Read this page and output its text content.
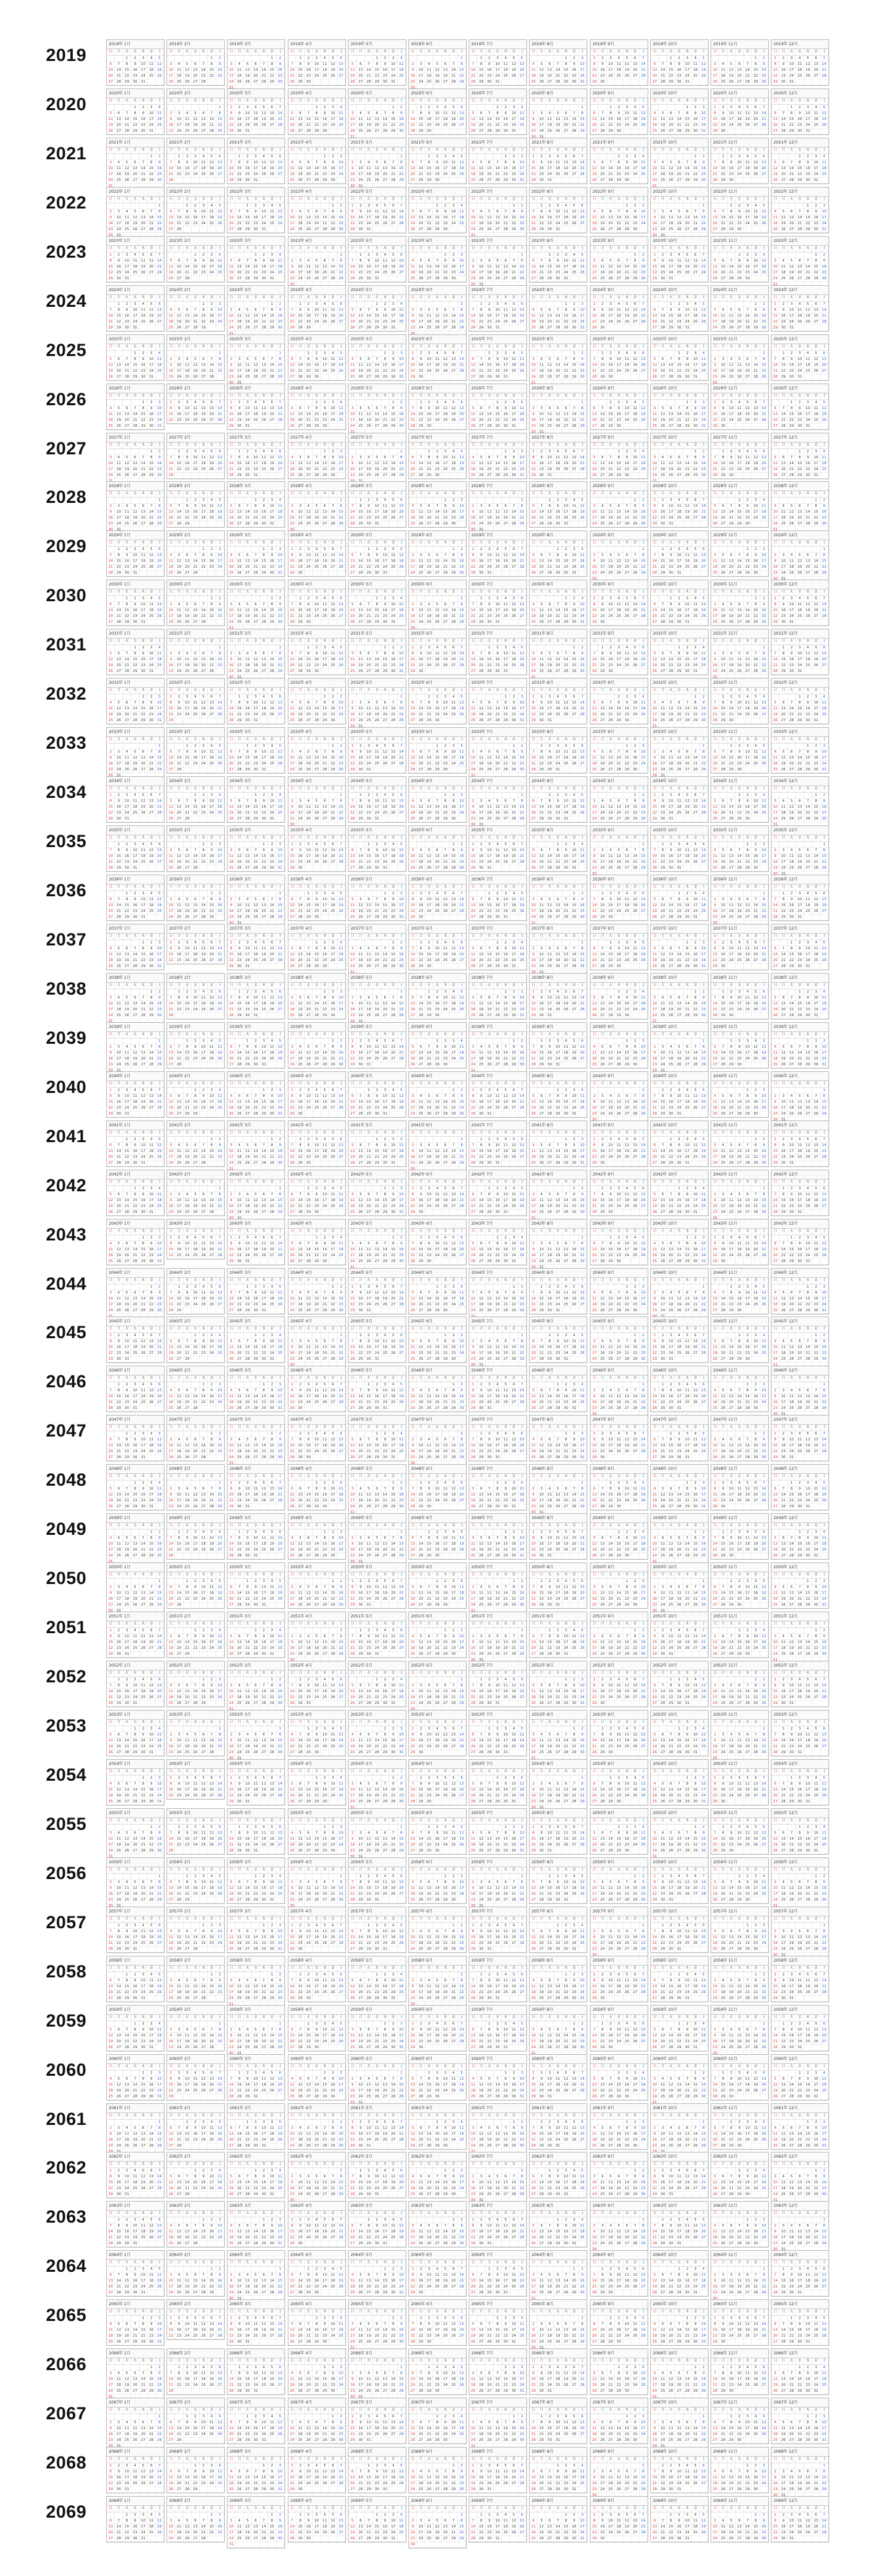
2019
2019年 1月
日	月	火	水	木	金	土
1	2	3	4	5
6	7	8	9	10 11 12
13 14 15 16 17 18 19
20 21 22 23 24 25 26
27 28 29 30 31
2019年 2月
日	月	火	水	木	金	土
1	2
3	4	5	6	7	8	9
10 11 12 13 14 15 16
17 18 19 20 21 22 23
24 25 26 27 28
2019年 3月
日	月	火	水	木	金	土
1	2
3	4	5	6	7	8	9
10 11 12 13 14 15 16
17 18 19 20 21 22 23
24 25 26 27 28 29 30
31
2019年 4月
日	月	火	水	木	金	土
1	2	3	4	5	6
7	8	9	10 11 12 13
14 15 16 17 18 19 20
21 22 23 24 25 26 27
28 29 30
2019年 5月
日	月	火	水	木	金	土
1	2	3	4
5	6	7	8	9	10 11
12 13 14 15 16 17 18
19 20 21 22 23 24 25
26 27 28 29 30 31
2019年 6月
日	月	火	水	木	金	土
1
2	3	4	5	6	7	8
9	10 11 12 13 14 15
16 17 18 19 20 21 22
23 24 25 26 27 28 29
30
2019年 7月
日	月	火	水	木	金	土
1	2	3	4	5	6
7	8	9	10 11 12 13
14 15 16 17 18 19 20
21 22 23 24 25 26 27
28 29 30 31
2019年 8月
日	月	火	水	木	金	土
1	2	3
4	5	6	7	8	9	10
11 12 13 14 15 16 17
18 19 20 21 22 23 24
25 26 27 28 29 30 31
2019年 9月
日	月	火	水	木	金	土
1	2	3	4	5	6	7
8	9	10 11 12 13 14
15 16 17 18 19 20 21
22 23 24 25 26 27 28
29 30
2019年 10月
日	月	火	水	木	金	土
1	2	3	4	5
6	7	8	9	10 11 12
13 14 15 16 17 18 19
20 21 22 23 24 25 26
27 28 29 30 31
2019年 11月
日	月	火	水	木	金	土
1	2
3	4	5	6	7	8	9
10 11 12 13 14 15 16
17 18 19 20 21 22 23
24 25 26 27 28 29 30
2019年 12月
日	月	火	水	木	金	土
1	2	3	4	5	6	7
8	9	10 11 12 13 14
15 16 17 18 19 20 21
22 23 24 25 26 27 28
29 30 31
2020
2020年 1月
日	月	火	水	木	金	土
1	2	3	4
5	6	7	8	9	10 11
12 13 14 15 16 17 18
19 20 21 22 23 24 25
26 27 28 29 30 31
2020年 2月
日	月	火	水	木	金	土
1
2	3	4	5	6	7	8
9	10 11 12 13 14 15
16 17 18 19 20 21 22
23 24 25 26 27 28 29
2020年 3月
日	月	火	水	木	金	土
1	2	3	4	5	6	7
8	9	10 11 12 13 14
15 16 17 18 19 20 21
22 23 24 25 26 27 28
29 30 31
2020年 4月
日	月	火	水	木	金	土
1	2	3	4
5	6	7	8	9	10 11
12 13 14 15 16 17 18
19 20 21 22 23 24 25
26 27 28 29 30
2020年 5月
日	月	火	水	木	金	土
1	2
3	4	5	6	7	8	9
10 11 12 13 14 15 16
17 18 19 20 21 22 23
24 25 26 27 28 29 30
31
2020年 6月
日	月	火	水	木	金	土
1	2	3	4	5	6
7	8	9	10 11 12 13
14 15 16 17 18 19 20
21 22 23 24 25 26 27
28 29 30
2020年 7月
日	月	火	水	木	金	土
1	2	3	4
5	6	7	8	9	10 11
12 13 14 15 16 17 18
19 20 21 22 23 24 25
26 27 28 29 30 31
2020年 8月
日	月	火	水	木	金	土
1
2	3	4	5	6	7	8
9	10 11 12 13 14 15
16 17 18 19 20 21 22
23 24 25 26 27 28 29
30 31
2020年 9月
日	月	火	水	木	金	土
1	2	3	4	5
6	7	8	9	10 11 12
13 14 15 16 17 18 19
20 21 22 23 24 25 26
27 28 29 30
2020年 10月
日	月	火	水	木	金	土
1	2	3
4	5	6	7	8	9	10
11 12 13 14 15 16 17
18 19 20 21 22 23 24
25 26 27 28 29 30 31
2020年 11月
日	月	火	水	木	金	土
1	2	3	4	5	6	7
8	9	10 11 12 13 14
15 16 17 18 19 20 21
22 23 24 25 26 27 28
29 30
2020年 12月
日	月	火	水	木	金	土
1	2	3	4	5
6	7	8	9	10 11 12
13 14 15 16 17 18 19
20 21 22 23 24 25 26
27 28 29 30 31
2021
2021年 1月
日	月	火	水	木	金	土
1	2
3	4	5	6	7	8	9
10 11 12 13 14 15 16
17 18 19 20 21 22 23
24 25 26 27 28 29 30
31
2021年 2月
日	月	火	水	木	金	土
1	2	3	4	5	6
7	8	9	10 11 12 13
14 15 16 17 18 19 20
21 22 23 24 25 26 27
28
2021年 3月
日	月	火	水	木	金	土
1	2	3	4	5	6
7	8	9	10 11 12 13
14 15 16 17 18 19 20
21 22 23 24 25 26 27
28 29 30 31
2021年 4月
日	月	火	水	木	金	土
1	2	3
4	5	6	7	8	9	10
11 12 13 14 15 16 17
18 19 20 21 22 23 24
25 26 27 28 29 30
2021年 5月
日	月	火	水	木	金	土
1
2	3	4	5	6	7	8
9	10 11 12 13 14 15
16 17 18 19 20 21 22
23 24 25 26 27 28 29
30 31
2021年 6月
日	月	火	水	木	金	土
1	2	3	4	5
6	7	8	9	10 11 12
13 14 15 16 17 18 19
20 21 22 23 24 25 26
27 28 29 30
2021年 7月
日	月	火	水	木	金	土
1	2	3
4	5	6	7	8	9	10
11 12 13 14 15 16 17
18 19 20 21 22 23 24
25 26 27 28 29 30 31
2021年 8月
日	月	火	水	木	金	土
1	2	3	4	5	6	7
8	9	10 11 12 13 14
15 16 17 18 19 20 21
22 23 24 25 26 27 28
29 30 31
2021年 9月
日	月	火	水	木	金	土
1	2	3	4
5	6	7	8	9	10 11
12 13 14 15 16 17 18
19 20 21 22 23 24 25
26 27 28 29 30
2021年 10月
日	月	火	水	木	金	土
1	2
3	4	5	6	7	8	9
10 11 12 13 14 15 16
17 18 19 20 21 22 23
24 25 26 27 28 29 30
31
2021年 11月
日	月	火	水	木	金	土
1	2	3	4	5	6
7	8	9	10 11 12 13
14 15 16 17 18 19 20
21 22 23 24 25 26 27
28 29 30
2021年 12月
日	月	火	水	木	金	土
1	2	3	4
5	6	7	8	9	10 11
12 13 14 15 16 17 18
19 20 21 22 23 24 25
26 27 28 29 30 31
2022
2022年 1月
日	月	火	水	木	金	土
1
2	3	4	5	6	7	8
9	10 11 12 13 14 15
16 17 18 19 20 21 22
23 24 25 26 27 28 29
30 31
2022年 2月
日	月	火	水	木	金	土
1	2	3	4	5
6	7	8	9	10 11 12
13 14 15 16 17 18 19
20 21 22 23 24 25 26
27 28
2022年 3月
日	月	火	水	木	金	土
1	2	3	4	5
6	7	8	9	10 11 12
13 14 15 16 17 18 19
20 21 22 23 24 25 26
27 28 29 30 31
2022年 4月
日	月	火	水	木	金	土
1	2
3	4	5	6	7	8	9
10 11 12 13 14 15 16
17 18 19 20 21 22 23
24 25 26 27 28 29 30
2022年 5月
日	月	火	水	木	金	土
1	2	3	4	5	6	7
8	9	10 11 12 13 14
15 16 17 18 19 20 21
22 23 24 25 26 27 28
29 30 31
2022年 6月
日	月	火	水	木	金	土
1	2	3	4
5	6	7	8	9	10 11
12 13 14 15 16 17 18
19 20 21 22 23 24 25
26 27 28 29 30
2022年 7月
日	月	火	水	木	金	土
1	2
3	4	5	6	7	8	9
10 11 12 13 14 15 16
17 18 19 20 21 22 23
24 25 26 27 28 29 30
31
2022年 8月
日	月	火	水	木	金	土
1	2	3	4	5	6
7	8	9	10 11 12 13
14 15 16 17 18 19 20
21 22 23 24 25 26 27
28 29 30 31
2022年 9月
日	月	火	水	木	金	土
1	2	3
4	5	6	7	8	9	10
11 12 13 14 15 16 17
18 19 20 21 22 23 24
25 26 27 28 29 30
2022年 10月
日	月	火	水	木	金	土
1
2	3	4	5	6	7	8
9	10 11 12 13 14 15
16 17 18 19 20 21 22
23 24 25 26 27 28 29
30 31
2022年 11月
日	月	火	水	木	金	土
1	2	3	4	5
6	7	8	9	10 11 12
13 14 15 16 17 18 19
20 21 22 23 24 25 26
27 28 29 30
2022年 12月
日	月	火	水	木	金	土
1	2	3
4	5	6	7	8	9	10
11 12 13 14 15 16 17
18 19 20 21 22 23 24
25 26 27 28 29 30 31
2023
2023年 1月
日	月	火	水	木	金	土
1	2	3	4	5	6	7
8	9	10 11 12 13 14
15 16 17 18 19 20 21
22 23 24 25 26 27 28
29 30 31
2023年 2月
日	月	火	水	木	金	土
1	2	3	4
5	6	7	8	9	10 11
12 13 14 15 16 17 18
19 20 21 22 23 24 25
26 27 28
2023年 3月
日	月	火	水	木	金	土
1	2	3	4
5	6	7	8	9	10 11
12 13 14 15 16 17 18
19 20 21 22 23 24 25
26 27 28 29 30 31
2023年 4月
日	月	火	水	木	金	土
1
2	3	4	5	6	7	8
9	10 11 12 13 14 15
16 17 18 19 20 21 22
23 24 25 26 27 28 29
30
2023年 5月
日	月	火	水	木	金	土
1	2	3	4	5	6
7	8	9	10 11 12 13
14 15 16 17 18 19 20
21 22 23 24 25 26 27
28 29 30 31
2023年 6月
日	月	火	水	木	金	土
1	2	3
4	5	6	7	8	9	10
11 12 13 14 15 16 17
18 19 20 21 22 23 24
25 26 27 28 29 30
2023年 7月
日	月	火	水	木	金	土
1
2	3	4	5	6	7	8
9	10 11 12 13 14 15
16 17 18 19 20 21 22
23 24 25 26 27 28 29
30 31
2023年 8月
日	月	火	水	木	金	土
1	2	3	4	5
6	7	8	9	10 11 12
13 14 15 16 17 18 19
20 21 22 23 24 25 26
27 28 29 30 31
2023年 9月
日	月	火	水	木	金	土
1	2
3	4	5	6	7	8	9
10 11 12 13 14 15 16
17 18 19 20 21 22 23
24 25 26 27 28 29 30
2023年 10月
日	月	火	水	木	金	土
1	2	3	4	5	6	7
8	9	10 11 12 13 14
15 16 17 18 19 20 21
22 23 24 25 26 27 28
29 30 31
2023年 11月
日	月	火	水	木	金	土
1	2	3	4
5	6	7	8	9	10 11
12 13 14 15 16 17 18
19 20 21 22 23 24 25
26 27 28 29 30
2023年 12月
日	月	火	水	木	金	土
1	2
3	4	5	6	7	8	9
10 11 12 13 14 15 16
17 18 19 20 21 22 23
24 25 26 27 28 29 30
31
2024
2024年 1月
日	月	火	水	木	金	土
1	2	3	4	5	6
7	8	9	10 11 12 13
14 15 16 17 18 19 20
21 22 23 24 25 26 27
28 29 30 31
2024年 2月
日	月	火	水	木	金	土
1	2	3
4	5	6	7	8	9	10
11 12 13 14 15 16 17
18 19 20 21 22 23 24
25 26 27 28 29
2024年 3月
日	月	火	水	木	金	土
1	2
3	4	5	6	7	8	9
10 11 12 13 14 15 16
17 18 19 20 21 22 23
24 25 26 27 28 29 30
31
2024年 4月
日	月	火	水	木	金	土
1	2	3	4	5	6
7	8	9	10 11 12 13
14 15 16 17 18 19 20
21 22 23 24 25 26 27
28 29 30
2024年 5月
日	月	火	水	木	金	土
1	2	3	4
5	6	7	8	9	10 11
12 13 14 15 16 17 18
19 20 21 22 23 24 25
26 27 28 29 30 31
2024年 6月
日	月	火	水	木	金	土
1
2	3	4	5	6	7	8
9	10 11 12 13 14 15
16 17 18 19 20 21 22
23 24 25 26 27 28 29
30
2024年 7月
日	月	火	水	木	金	土
1	2	3	4	5	6
7	8	9	10 11 12 13
14 15 16 17 18 19 20
21 22 23 24 25 26 27
28 29 30 31
2024年 8月
日	月	火	水	木	金	土
1	2	3
4	5	6	7	8	9	10
11 12 13 14 15 16 17
18 19 20 21 22 23 24
25 26 27 28 29 30 31
2024年 9月
日	月	火	水	木	金	土
1	2	3	4	5	6	7
8	9	10 11 12 13 14
15 16 17 18 19 20 21
22 23 24 25 26 27 28
29 30
2024年 10月
日	月	火	水	木	金	土
1	2	3	4	5
6	7	8	9	10 11 12
13 14 15 16 17 18 19
20 21 22 23 24 25 26
27 28 29 30 31
2024年 11月
日	月	火	水	木	金	土
1	2
3	4	5	6	7	8	9
10 11 12 13 14 15 16
17 18 19 20 21 22 23
24 25 26 27 28 29 30
2024年 12月
日	月	火	水	木	金	土
1	2	3	4	5	6	7
8	9	10 11 12 13 14
15 16 17 18 19 20 21
22 23 24 25 26 27 28
29 30 31
2025
2025年 1月
日	月	火	水	木	金	土
1	2	3	4
5	6	7	8	9	10 11
12 13 14 15 16 17 18
19 20 21 22 23 24 25
26 27 28 29 30 31
2025年 2月
日	月	火	水	木	金	土
1
2	3	4	5	6	7	8
9	10 11 12 13 14 15
16 17 18 19 20 21 22
23 24 25 26 27 28
2025年 3月
日	月	火	水	木	金	土
1
2	3	4	5	6	7	8
9	10 11 12 13 14 15
16 17 18 19 20 21 22
23 24 25 26 27 28 29
30 31
2025年 4月
日	月	火	水	木	金	土
1	2	3	4	5
6	7	8	9	10 11 12
13 14 15 16 17 18 19
20 21 22 23 24 25 26
27 28 29 30
2025年 5月
日	月	火	水	木	金	土
1	2	3
4	5	6	7	8	9	10
11 12 13 14 15 16 17
18 19 20 21 22 23 24
25 26 27 28 29 30 31
2025年 6月
日	月	火	水	木	金	土
1	2	3	4	5	6	7
8	9	10 11 12 13 14
15 16 17 18 19 20 21
22 23 24 25 26 27 28
29 30
2025年 7月
日	月	火	水	木	金	土
1	2	3	4	5
6	7	8	9	10 11 12
13 14 15 16 17 18 19
20 21 22 23 24 25 26
27 28 29 30 31
2025年 8月
日	月	火	水	木	金	土
1	2
3	4	5	6	7	8	9
10 11 12 13 14 15 16
17 18 19 20 21 22 23
24 25 26 27 28 29 30
31
2025年 9月
日	月	火	水	木	金	土
1	2	3	4	5	6
7	8	9	10 11 12 13
14 15 16 17 18 19 20
21 22 23 24 25 26 27
28 29 30
2025年 10月
日	月	火	水	木	金	土
1	2	3	4
5	6	7	8	9	10 11
12 13 14 15 16 17 18
19 20 21 22 23 24 25
26 27 28 29 30 31
2025年 11月
日	月	火	水	木	金	土
1
2	3	4	5	6	7	8
9	10 11 12 13 14 15
16 17 18 19 20 21 22
23 24 25 26 27 28 29
30
2025年 12月
日	月	火	水	木	金	土
1	2	3	4	5	6
7	8	9	10 11 12 13
14 15 16 17 18 19 20
21 22 23 24 25 26 27
28 29 30 31
2026
2026年 1月
日	月	火	水	木	金	土
1	2	3
4	5	6	7	8	9	10
11 12 13 14 15 16 17
18 19 20 21 22 23 24
25 26 27 28 29 30 31
2026年 2月
日	月	火	水	木	金	土
1	2	3	4	5	6	7
8	9	10 11 12 13 14
15 16 17 18 19 20 21
22 23 24 25 26 27 28
2026年 3月
日	月	火	水	木	金	土
1	2	3	4	5	6	7
8	9	10 11 12 13 14
15 16 17 18 19 20 21
22 23 24 25 26 27 28
29 30 31
2026年 4月
日	月	火	水	木	金	土
1	2	3	4
5	6	7	8	9	10 11
12 13 14 15 16 17 18
19 20 21 22 23 24 25
26 27 28 29 30
2026年 5月
日	月	火	水	木	金	土
1	2
3	4	5	6	7	8	9
10 11 12 13 14 15 16
17 18 19 20 21 22 23
24 25 26 27 28 29 30
31
2026年 6月
日	月	火	水	木	金	土
1	2	3	4	5	6
7	8	9	10 11 12 13
14 15 16 17 18 19 20
21 22 23 24 25 26 27
28 29 30
2026年 7月
日	月	火	水	木	金	土
1	2	3	4
5	6	7	8	9	10 11
12 13 14 15 16 17 18
19 20 21 22 23 24 25
26 27 28 29 30 31
2026年 8月
日	月	火	水	木	金	土
1
2	3	4	5	6	7	8
9	10 11 12 13 14 15
16 17 18 19 20 21 22
23 24 25 26 27 28 29
30 31
2026年 9月
日	月	火	水	木	金	土
1	2	3	4	5
6	7	8	9	10 11 12
13 14 15 16 17 18 19
20 21 22 23 24 25 26
27 28 29 30
2026年 10月
日	月	火	水	木	金	土
1	2	3
4	5	6	7	8	9	10
11 12 13 14 15 16 17
18 19 20 21 22 23 24
25 26 27 28 29 30 31
2026年 11月
日	月	火	水	木	金	土
1	2	3	4	5	6	7
8	9	10 11 12 13 14
15 16 17 18 19 20 21
22 23 24 25 26 27 28
29 30
2026年 12月
日	月	火	水	木	金	土
1	2	3	4	5
6	7	8	9	10 11 12
13 14 15 16 17 18 19
20 21 22 23 24 25 26
27 28 29 30 31
2027
2027年 1月
日	月	火	水	木	金	土
1	2
3	4	5	6	7	8	9
10 11 12 13 14 15 16
17 18 19 20 21 22 23
24 25 26 27 28 29 30
2027年 2月
日	月	火	水	木	金	土
1	2	3	4	5	6
7	8	9	10 11 12 13
14 15 16 17 18 19 20
21 22 23 24 25 26 27
28
2027年 3月
日	月	火	水	木	金	土
1	2	3	4	5	6
7	8	9	10 11 12 13
14 15 16 17 18 19 20
21 22 23 24 25 26 27
28 29 30 31
2027年 4月
日	月	火	水	木	金	土
1	2	3
4	5	6	7	8	9	10
11 12 13 14 15 16 17
18 19 20 21 22 23 24
25 26 27 28 29 30
2027年 5月
日	月	火	水	木	金	土
1
2	3	4	5	6	7	8
9	10 11 12 13 14 15
16 17 18 19 20 21 22
23 24 25 26 27 28 29
2027年 6月
日	月	火	水	木	金	土
1	2	3	4	5
6	7	8	9	10 11 12
13 14 15 16 17 18 19
20 21 22 23 24 25 26
27 28 29 30
2027年 7月
日	月	火	水	木	金	土
1	2	3
4	5	6	7	8	9	10
11 12 13 14 15 16 17
18 19 20 21 22 23 24
25 26 27 28 29 30 31
2027年 8月
日	月	火	水	木	金	土
1	2	3	4	5	6	7
8	9	10 11 12 13 14
15 16 17 18 19 20 21
22 23 24 25 26 27 28
29 30 31
2027年 9月
日	月	火	水	木	金	土
1	2	3	4
5	6	7	8	9	10 11
12 13 14 15 16 17 18
19 20 21 22 23 24 25
26 27 28 29 30
2027年 10月
日	月	火	水	木	金	土
1	2
3	4	5	6	7	8	9
10 11 12 13 14 15 16
17 18 19 20 21 22 23
24 25 26 27 28 29 30
2027年 11月
日	月	火	水	木	金	土
1	2	3	4	5	6
7	8	9	10 11 12 13
14 15 16 17 18 19 20
21 22 23 24 25 26 27
28 29 30
2027年 12月
日	月	火	水	木	金	土
1	2	3	4
5	6	7	8	9	10 11
12 13 14 15 16 17 18
19 20 21 22 23 24 25
26 27 28 29 30 31
2028
2028年 1月
日	月	火	水	木	金	土
1
2	3	4	5	6	7	8
9	10 11 12 13 14 15
16 17 18 19 20 21 22
23 24 25 26 27 28 29
30 31
2028年 2月
日	月	火	水	木	金	土
1	2	3	4	5
6	7	8	9	10 11 12
13 14 15 16 17 18 19
20 21 22 23 24 25 26
27 28 29
2028年 3月
日	月	火	水	木	金	土
1	2	3	4
5	6	7	8	9	10 11
12 13 14 15 16 17 18
19 20 21 22 23 24 25
26 27 28 29 30 31
2028年 4月
日	月	火	水	木	金	土
1
2	3	4	5	6	7	8
9	10 11 12 13 14 15
16 17 18 19 20 21 22
23 24 25 26 27 28 29
30
2028年 5月
日	月	火	水	木	金	土
1	2	3	4	5	6
7	8	9	10 11 12 13
14 15 16 17 18 19 20
21 22 23 24 25 26 27
28 29 30 31
2028年 6月
日	月	火	水	木	金	土
1	2	3
4	5	6	7	8	9	10
11 12 13 14 15 16 17
18 19 20 21 22 23 24
25 26 27 28 29 30
2028年 7月
日	月	火	水	木	金	土
1
2	3	4	5	6	7	8
9	10 11 12 13 14 15
16 17 18 19 20 21 22
23 24 25 26 27 28 29
30 31
2028年 8月
日	月	火	水	木	金	土
1	2	3	4	5
6	7	8	9	10 11 12
13 14 15 16 17 18 19
20 21 22 23 24 25 26
27 28 29 30 31
2028年 9月
日	月	火	水	木	金	土
1	2
3	4	5	6	7	8	9
10 11 12 13 14 15 16
17 18 19 20 21 22 23
24 25 26 27 28 29 30
2028年 10月
日	月	火	水	木	金	土
1	2	3	4	5	6	7
8	9	10 11 12 13 14
15 16 17 18 19 20 21
22 23 24 25 26 27 28
29 30 31
2028年 11月
日	月	火	水	木	金	土
1	2	3	4
5	6	7	8	9	10 11
12 13 14 15 16 17 18
19 20 21 22 23 24 25
26 27 28 29 30
2028年 12月
日	月	火	水	木	金	土
1	2
3	4	5	6	7	8	9
10 11 12 13 14 15 16
17 18 19 20 21 22 23
24 25 26 27 28 29 30
31
2029
2029年 1月
日	月	火	水	木	金	土
1	2	3	4	5	6
7	8	9	10 11 12 13
14 15 16 17 18 19 20
21 22 23 24 25 26 27
28 29 30 31
2029年 2月
日	月	火	水	木	金	土
1	2	3
4	5	6	7	8	9	10
11 12 13 14 15 16 17
18 19 20 21 22 23 24
25 26 27 28
2029年 3月
日	月	火	水	木	金	土
1	2	3
4	5	6	7	8	9	10
11 12 13 14 15 16 17
18 19 20 21 22 23 24
25 26 27 28 29 30 31
2029年 4月
日	月	火	水	木	金	土
1	2	3	4	5	6	7
8	9	10 11 12 13 14
15 16 17 18 19 20 21
22 23 24 25 26 27 28
29 30
2029年 5月
日	月	火	水	木	金	土
1	2	3	4	5
6	7	8	9	10 11 12
13 14 15 16 17 18 19
20 21 22 23 24 25 26
27 28 29 30 31
2029年 6月
日	月	火	水	木	金	土
1	2
3	4	5	6	7	8	9
10 11 12 13 14 15 16
17 18 19 20 21 22 23
24 25 26 27 28 29 30
2029年 7月
日	月	火	水	木	金	土
1	2	3	4	5	6	7
8	9	10 11 12 13 14
15 16 17 18 19 20 21
22 23 24 25 26 27 28
29 30 31
2029年 8月
日	月	火	水	木	金	土
1	2	3	4
5	6	7	8	9	10 11
12 13 14 15 16 17 18
19 20 21 22 23 24 25
26 27 28 29 30 31
2029年 9月
日	月	火	水	木	金	土
1
2	3	4	5	6	7	8
9	10 11 12 13 14 15
16 17 18 19 20 21 22
23 24 25 26 27 28 29
30
2029年 10月
日	月	火	水	木	金	土
1	2	3	4	5	6
7	8	9	10 11 12 13
14 15 16 17 18 19 20
21 22 23 24 25 26 27
28 29 30 31
2029年 11月
日	月	火	水	木	金	土
1	2	3
4	5	6	7	8	9	10
11 12 13 14 15 16 17
18 19 20 21 22 23 24
25 26 27 28 29 30
2029年 12月
日	月	火	水	木	金	土
1
2	3	4	5	6	7	8
9	10 11 12 13 14 15
16 17 18 19 20 21 22
23 24 25 26 27 28 29
30 31
2030
2030年 1月
日	月	火	水	木	金	土
1	2	3	4	5
6	7	8	9	10 11 12
13 14 15 16 17 18 19
20 21 22 23 24 25 26
27 28 29 30 31
2030年 2月
日	月	火	水	木	金	土
1	2
3	4	5	6	7	8	9
10 11 12 13 14 15 16
17 18 19 20 21 22 23
24 25 26 27 28
2030年 3月
日	月	火	水	木	金	土
1	2
3	4	5	6	7	8	9
10 11 12 13 14 15 16
17 18 19 20 21 22 23
24 25 26 27 28 29 30
31
2030年 4月
日	月	火	水	木	金	土
1	2	3	4	5	6
7	8	9	10 11 12 13
14 15 16 17 18 19 20
21 22 23 24 25 26 27
28 29 30
2030年 5月
日	月	火	水	木	金	土
1	2	3	4
5	6	7	8	9	10 11
12 13 14 15 16 17 18
19 20 21 22 23 24 25
26 27 28 29 30 31
2030年 6月
日	月	火	水	木	金	土
1
2	3	4	5	6	7	8
9	10 11 12 13 14 15
16 17 18 19 20 21 22
23 24 25 26 27 28 29
30
2030年 7月
日	月	火	水	木	金	土
1	2	3	4	5	6
7	8	9	10 11 12 13
14 15 16 17 18 19 20
21 22 23 24 25 26 27
28 29 30 31
2030年 8月
日	月	火	水	木	金	土
1	2	3
4	5	6	7	8	9	10
11 12 13 14 15 16 17
18 19 20 21 22 23 24
25 26 27 28 29 30 31
2030年 9月
日	月	火	水	木	金	土
1	2	3	4	5	6	7
8	9	10 11 12 13 14
15 16 17 18 19 20 21
22 23 24 25 26 27 28
29 30
2030年 10月
日	月	火	水	木	金	土
1	2	3	4	5
6	7	8	9	10 11 12
13 14 15 16 17 18 19
20 21 22 23 24 25 26
27 28 29 30 31
2030年 11月
日	月	火	水	木	金	土
1	2
3	4	5	6	7	8	9
10 11 12 13 14 15 16
17 18 19 20 21 22 23
24 25 26 27 28 29 30
2030年 12月
日	月	火	水	木	金	土
1	2	3	4	5	6	7
8	9	10 11 12 13 14
15 16 17 18 19 20 21
22 23 24 25 26 27 28
29 30 31
2031
2031年 1月
日	月	火	水	木	金	土
1	2	3	4
5	6	7	8	9	10 11
12 13 14 15 16 17 18
19 20 21 22 23 24 25
26 27 28 29 30 31
2031年 2月
日	月	火	水	木	金	土
1
2	3	4	5	6	7	8
9	10 11 12 13 14 15
16 17 18 19 20 21 22
23 24 25 26 27 28
2031年 3月
日	月	火	水	木	金	土
1
2	3	4	5	6	7	8
9	10 11 12 13 14 15
16 17 18 19 20 21 22
23 24 25 26 27 28 29
30 31
2031年 4月
日	月	火	水	木	金	土
1	2	3	4	5
6	7	8	9	10 11 12
13 14 15 16 17 18 19
20 21 22 23 24 25 26
27 28 29 30
2031年 5月
日	月	火	水	木	金	土
1	2	3
4	5	6	7	8	9	10
11 12 13 14 15 16 17
18 19 20 21 22 23 24
25 26 27 28 29 30 31
2031年 6月
日	月	火	水	木	金	土
1	2	3	4	5	6	7
8	9	10 11 12 13 14
15 16 17 18 19 20 21
22 23 24 25 26 27 28
29 30
2031年 7月
日	月	火	水	木	金	土
1	2	3	4	5
6	7	8	9	10 11 12
13 14 15 16 17 18 19
20 21 22 23 24 25 26
27 28 29 30 31
2031年 8月
日	月	火	水	木	金	土
1	2
3	4	5	6	7	8	9
10 11 12 13 14 15 16
17 18 19 20 21 22 23
24 25 26 27 28 29 30
31
2031年 9月
日	月	火	水	木	金	土
1	2	3	4	5	6
7	8	9	10 11 12 13
14 15 16 17 18 19 20
21 22 23 24 25 26 27
28 29 30
2031年 10月
日	月	火	水	木	金	土
1	2	3	4
5	6	7	8	9	10 11
12 13 14 15 16 17 18
19 20 21 22 23 24 25
26 27 28 29 30 31
2031年 11月
日	月	火	水	木	金	土
1
2	3	4	5	6	7	8
9	10 11 12 13 14 15
16 17 18 19 20 21 22
23 24 25 26 27 28 29
30
2031年 12月
日	月	火	水	木	金	土
1	2	3	4	5	6
7	8	9	10 11 12 13
14 15 16 17 18 19 20
21 22 23 24 25 26 27
28 29 30 31
2032
2032年 1月
日	月	火	水	木	金	土
1	2	3
4	5	6	7	8	9	10
11 12 13 14 15 16 17
18 19 20 21 22 23 24
25 26 27 28 29 30 31
2032年 2月
日	月	火	水	木	金	土
1	2	3	4	5	6	7
8	9	10 11 12 13 14
15 16 17 18 19 20 21
22 23 24 25 26 27 28
29
2032年 3月
日	月	火	水	木	金	土
1	2	3	4	5	6
7	8	9	10 11 12 13
14 15 16 17 18 19 20
21 22 23 24 25 26 27
28 29 30 31
2032年 4月
日	月	火	水	木	金	土
1	2	3
4	5	6	7	8	9	10
11 12 13 14 15 16 17
18 19 20 21 22 23 24
25 26 27 28 29 30
2032年 5月
日	月	火	水	木	金	土
1
2	3	4	5	6	7	8
9	10 11 12 13 14 15
16 17 18 19 20 21 22
23 24 25 26 27 28 29
30 31
2032年 6月
日	月	火	水	木	金	土
1	2	3	4	5
6	7	8	9	10 11 12
13 14 15 16 17 18 19
20 21 22 23 24 25 26
27 28 29 30
2032年 7月
日	月	火	水	木	金	土
1	2	3
4	5	6	7	8	9	10
11 12 13 14 15 16 17
18 19 20 21 22 23 24
25 26 27 28 29 30 31
2032年 8月
日	月	火	水	木	金	土
1	2	3	4	5	6	7
8	9	10 11 12 13 14
15 16 17 18 19 20 21
22 23 24 25 26 27 28
29 30 31
2032年 9月
日	月	火	水	木	金	土
1	2	3	4
5	6	7	8	9	10 11
12 13 14 15 16 17 18
19 20 21 22 23 24 25
26 27 28 29 30
2032年 10月
日	月	火	水	木	金	土
1	2
3	4	5	6	7	8	9
10 11 12 13 14 15 16
17 18 19 20 21 22 23
24 25 26 27 28 29 30
31
2032年 11月
日	月	火	水	木	金	土
1	2	3	4	5	6
7	8	9	10 11 12 13
14 15 16 17 18 19 20
21 22 23 24 25 26 27
28 29 30
2032年 12月
日	月	火	水	木	金	土
1	2	3	4
5	6	7	8	9	10 11
12 13 14 15 16 17 18
19 20 21 22 23 24 25
26 27 28 29 30 31
2033
2033年 1月
日	月	火	水	木	金	土
1
2	3	4	5	6	7	8
9	10 11 12 13 14 15
16 17 18 19 20 21 22
23 24 25 26 27 28 29
30 31
2033年 2月
日	月	火	水	木	金	土
1	2	3	4	5
6	7	8	9	10 11 12
13 14 15 16 17 18 19
20 21 22 23 24 25 26
27 28
2033年 3月
日	月	火	水	木	金	土
1	2	3	4	5
6	7	8	9	10 11 12
13 14 15 16 17 18 19
20 21 22 23 24 25 26
27 28 29 30 31
2033年 4月
日	月	火	水	木	金	土
1	2
3	4	5	6	7	8	9
10 11 12 13 14 15 16
17 18 19 20 21 22 23
24 25 26 27 28 29 30
2033年 5月
日	月	火	水	木	金	土
1	2	3	4	5	6	7
8	9	10 11 12 13 14
15 16 17 18 19 20 21
22 23 24 25 26 27 28
29 30 31
2033年 6月
日	月	火	水	木	金	土
1	2	3	4
5	6	7	8	9	10 11
12 13 14 15 16 17 18
19 20 21 22 23 24 25
26 27 28 29 30
2033年 7月
日	月	火	水	木	金	土
1	2
3	4	5	6	7	8	9
10 11 12 13 14 15 16
17 18 19 20 21 22 23
24 25 26 27 28 29 30
31
2033年 8月
日	月	火	水	木	金	土
1	2	3	4	5	6
7	8	9	10 11 12 13
14 15 16 17 18 19 20
21 22 23 24 25 26 27
28 29 30 31
2033年 9月
日	月	火	水	木	金	土
1	2	3
4	5	6	7	8	9	10
11 12 13 14 15 16 17
18 19 20 21 22 23 24
25 26 27 28 29 30
2033年 10月
日	月	火	水	木	金	土
1
2	3	4	5	6	7	8
9	10 11 12 13 14 15
16 17 18 19 20 21 22
23 24 25 26 27 28 29
30 31
2033年 11月
日	月	火	水	木	金	土
1	2	3	4	5
6	7	8	9	10 11 12
13 14 15 16 17 18 19
20 21 22 23 24 25 26
27 28 29 30
2033年 12月
日	月	火	水	木	金	土
1	2	3
4	5	6	7	8	9	10
11 12 13 14 15 16 17
18 19 20 21 22 23 24
25 26 27 28 29 30 31
2034
2034年 1月
日	月	火	水	木	金	土
1	2	3	4	5	6	7
8	9	10 11 12 13 14
15 16 17 18 19 20 21
22 23 24 25 26 27 28
29 30 31
2034年 2月
日	月	火	水	木	金	土
1	2	3	4
5	6	7	8	9	10 11
12 13 14 15 16 17 18
19 20 21 22 23 24 25
26 27 28
2034年 3月
日	月	火	水	木	金	土
1	2	3	4
5	6	7	8	9	10 11
12 13 14 15 16 17 18
19 20 21 22 23 24 25
26 27 28 29 30 31
2034年 4月
日	月	火	水	木	金	土
1
2	3	4	5	6	7	8
9	10 11 12 13 14 15
16 17 18 19 20 21 22
23 24 25 26 27 28 29
30
2034年 5月
日	月	火	水	木	金	土
1	2	3	4	5	6
7	8	9	10 11 12 13
14 15 16 17 18 19 20
21 22 23 24 25 26 27
28 29 30 31
2034年 6月
日	月	火	水	木	金	土
1	2	3
4	5	6	7	8	9	10
11 12 13 14 15 16 17
18 19 20 21 22 23 24
25 26 27 28 29 30
2034年 7月
日	月	火	水	木	金	土
1
2	3	4	5	6	7	8
9	10 11 12 13 14 15
16 17 18 19 20 21 22
23 24 25 26 27 28 29
30 31
2034年 8月
日	月	火	水	木	金	土
1	2	3	4	5
6	7	8	9	10 11 12
13 14 15 16 17 18 19
20 21 22 23 24 25 26
27 28 29 30 31
2034年 9月
日	月	火	水	木	金	土
1	2
3	4	5	6	7	8	9
10 11 12 13 14 15 16
17 18 19 20 21 22 23
24 25 26 27 28 29 30
2034年 10月
日	月	火	水	木	金	土
1	2	3	4	5	6	7
8	9	10 11 12 13 14
15 16 17 18 19 20 21
22 23 24 25 26 27 28
29 30 31
2034年 11月
日	月	火	水	木	金	土
1	2	3	4
5	6	7	8	9	10 11
12 13 14 15 16 17 18
19 20 21 22 23 24 25
26 27 28 29 30
2034年 12月
日	月	火	水	木	金	土
1	2
3	4	5	6	7	8	9
10 11 12 13 14 15 16
17 18 19 20 21 22 23
24 25 26 27 28 29 30
31
2035
2035年 1月
日	月	火	水	木	金	土
1	2	3	4	5	6
7	8	9	10 11 12 13
14 15 16 17 18 19 20
21 22 23 24 25 26 27
28 29 30 31
2035年 2月
日	月	火	水	木	金	土
1	2	3
4	5	6	7	8	9	10
11 12 13 14 15 16 17
18 19 20 21 22 23 24
25 26 27 28
2035年 3月
日	月	火	水	木	金	土
1	2	3
4	5	6	7	8	9	10
11 12 13 14 15 16 17
18 19 20 21 22 23 24
25 26 27 28 29 30 31
2035年 4月
日	月	火	水	木	金	土
1	2	3	4	5	6	7
8	9	10 11 12 13 14
15 16 17 18 19 20 21
22 23 24 25 26 27 28
29 30
2035年 5月
日	月	火	水	木	金	土
1	2	3	4	5
6	7	8	9	10 11 12
13 14 15 16 17 18 19
20 21 22 23 24 25 26
27 28 29 30 31
2035年 6月
日	月	火	水	木	金	土
1	2
3	4	5	6	7	8	9
10 11 12 13 14 15 16
17 18 19 20 21 22 23
24 25 26 27 28 29 30
2035年 7月
日	月	火	水	木	金	土
1	2	3	4	5	6	7
8	9	10 11 12 13 14
15 16 17 18 19 20 21
22 23 24 25 26 27 28
29 30 31
2035年 8月
日	月	火	水	木	金	土
1	2	3	4
5	6	7	8	9	10 11
12 13 14 15 16 17 18
19 20 21 22 23 24 25
26 27 28 29 30 31
2035年 9月
日	月	火	水	木	金	土
1
2	3	4	5	6	7	8
9	10 11 12 13 14 15
16 17 18 19 20 21 22
23 24 25 26 27 28 29
30
2035年 10月
日	月	火	水	木	金	土
1	2	3	4	5	6
7	8	9	10 11 12 13
14 15 16 17 18 19 20
21 22 23 24 25 26 27
28 29 30 31
2035年 11月
日	月	火	水	木	金	土
1	2	3
4	5	6	7	8	9	10
11 12 13 14 15 16 17
18 19 20 21 22 23 24
25 26 27 28 29 30
2035年 12月
日	月	火	水	木	金	土
1
2	3	4	5	6	7	8
9	10 11 12 13 14 15
16 17 18 19 20 21 22
23 24 25 26 27 28 29
30 31
2036
2036年 1月
日	月	火	水	木	金	土
1	2	3	4	5
6	7	8	9	10 11 12
13 14 15 16 17 18 19
20 21 22 23 24 25 26
27 28 29 30 31
2036年 2月
日	月	火	水	木	金	土
1	2
3	4	5	6	7	8	9
10 11 12 13 14 15 16
17 18 19 20 21 22 23
24 25 26 27 28 29
2036年 3月
日	月	火	水	木	金	土
1
2	3	4	5	6	7	8
9	10 11 12 13 14 15
16 17 18 19 20 21 22
23 24 25 26 27 28 29
30 31
2036年 4月
日	月	火	水	木	金	土
1	2	3	4	5
6	7	8	9	10 11 12
13 14 15 16 17 18 19
20 21 22 23 24 25 26
27 28 29 30
2036年 5月
日	月	火	水	木	金	土
1	2	3
4	5	6	7	8	9	10
11 12 13 14 15 16 17
18 19 20 21 22 23 24
25 26 27 28 29 30 31
2036年 6月
日	月	火	水	木	金	土
1	2	3	4	5	6	7
8	9	10 11 12 13 14
15 16 17 18 19 20 21
22 23 24 25 26 27 28
29 30
2036年 7月
日	月	火	水	木	金	土
1	2	3	4	5
6	7	8	9	10 11 12
13 14 15 16 17 18 19
20 21 22 23 24 25 26
27 28 29 30 31
2036年 8月
日	月	火	水	木	金	土
1	2
3	4	5	6	7	8	9
10 11 12 13 14 15 16
17 18 19 20 21 22 23
24 25 26 27 28 29 30
31
2036年 9月
日	月	火	水	木	金	土
1	2	3	4	5	6
7	8	9	10 11 12 13
14 15 16 17 18 19 20
21 22 23 24 25 26 27
28 29 30
2036年 10月
日	月	火	水	木	金	土
1	2	3	4
5	6	7	8	9	10 11
12 13 14 15 16 17 18
19 20 21 22 23 24 25
26 27 28 29 30 31
2036年 11月
日	月	火	水	木	金	土
1
2	3	4	5	6	7	8
9	10 11 12 13 14 15
16 17 18 19 20 21 22
23 24 25 26 27 28 29
30
2036年 12月
日	月	火	水	木	金	土
1	2	3	4	5	6
7	8	9	10 11 12 13
14 15 16 17 18 19 20
21 22 23 24 25 26 27
28 29 30 31
2037
2037年 1月
日	月	火	水	木	金	土
1	2	3
4	5	6	7	8	9	10
11 12 13 14 15 16 17
18 19 20 21 22 23 24
25 26 27 28 29 30 31
2037年 2月
日	月	火	水	木	金	土
1	2	3	4	5	6	7
8	9	10 11 12 13 14
15 16 17 18 19 20 21
22 23 24 25 26 27 28
2037年 3月
日	月	火	水	木	金	土
1	2	3	4	5	6	7
8	9	10 11 12 13 14
15 16 17 18 19 20 21
22 23 24 25 26 27 28
29 30 31
2037年 4月
日	月	火	水	木	金	土
1	2	3	4
5	6	7	8	9	10 11
12 13 14 15 16 17 18
19 20 21 22 23 24 25
26 27 28 29 30
2037年 5月
日	月	火	水	木	金	土
1	2
3	4	5	6	7	8	9
10 11 12 13 14 15 16
17 18 19 20 21 22 23
24 25 26 27 28 29 30
31
2037年 6月
日	月	火	水	木	金	土
1	2	3	4	5	6
7	8	9	10 11 12 13
14 15 16 17 18 19 20
21 22 23 24 25 26 27
28 29 30
2037年 7月
日	月	火	水	木	金	土
1	2	3	4
5	6	7	8	9	10 11
12 13 14 15 16 17 18
19 20 21 22 23 24 25
26 27 28 29 30 31
2037年 8月
日	月	火	水	木	金	土
1
2	3	4	5	6	7	8
9	10 11 12 13 14 15
16 17 18 19 20 21 22
23 24 25 26 27 28 29
30 31
2037年 9月
日	月	火	水	木	金	土
1	2	3	4	5
6	7	8	9	10 11 12
13 14 15 16 17 18 19
20 21 22 23 24 25 26
27 28 29 30
2037年 10月
日	月	火	水	木	金	土
1	2	3
4	5	6	7	8	9	10
11 12 13 14 15 16 17
18 19 20 21 22 23 24
25 26 27 28 29 30 31
2037年 11月
日	月	火	水	木	金	土
1	2	3	4	5	6	7
8	9	10 11 12 13 14
15 16 17 18 19 20 21
22 23 24 25 26 27 28
29 30
2037年 12月
日	月	火	水	木	金	土
1	2	3	4	5
6	7	8	9	10 11 12
13 14 15 16 17 18 19
20 21 22 23 24 25 26
27 28 29 30 31
2038
2038年 1月
日	月	火	水	木	金	土
1	2
3	4	5	6	7	8	9
10 11 12 13 14 15 16
17 18 19 20 21 22 23
24 25 26 27 28 29 30
31
2038年 2月
日	月	火	水	木	金	土
1	2	3	4	5	6
7	8	9	10 11 12 13
14 15 16 17 18 19 20
21 22 23 24 25 26 27
28
2038年 3月
日	月	火	水	木	金	土
1	2	3	4	5	6
7	8	9	10 11 12 13
14 15 16 17 18 19 20
21 22 23 24 25 26 27
28 29 30 31
2038年 4月
日	月	火	水	木	金	土
1	2	3
4	5	6	7	8	9	10
11 12 13 14 15 16 17
18 19 20 21 22 23 24
25 26 27 28 29 30
2038年 5月
日	月	火	水	木	金	土
1
2	3	4	5	6	7	8
9	10 11 12 13 14 15
16 17 18 19 20 21 22
23 24 25 26 27 28 29
30 31
2038年 6月
日	月	火	水	木	金	土
1	2	3	4	5
6	7	8	9	10 11 12
13 14 15 16 17 18 19
20 21 22 23 24 25 26
27 28 29 30
2038年 7月
日	月	火	水	木	金	土
1	2	3
4	5	6	7	8	9	10
11 12 13 14 15 16 17
18 19 20 21 22 23 24
25 26 27 28 29 30 31
2038年 8月
日	月	火	水	木	金	土
1	2	3	4	5	6	7
8	9	10 11 12 13 14
15 16 17 18 19 20 21
22 23 24 25 26 27 28
29 30 31
2038年 9月
日	月	火	水	木	金	土
1	2	3	4
5	6	7	8	9	10 11
12 13 14 15 16 17 18
19 20 21 22 23 24 25
26 27 28 29 30
2038年 10月
日	月	火	水	木	金	土
1	2
3	4	5	6	7	8	9
10 11 12 13 14 15 16
17 18 19 20 21 22 23
24 25 26 27 28 29 30
31
2038年 11月
日	月	火	水	木	金	土
1	2	3	4	5	6
7	8	9	10 11 12 13
14 15 16 17 18 19 20
21 22 23 24 25 26 27
28 29 30
2038年 12月
日	月	火	水	木	金	土
1	2	3	4
5	6	7	8	9	10 11
12 13 14 15 16 17 18
19 20 21 22 23 24 25
26 27 28 29 30 31
2039
2039年 1月
日	月	火	水	木	金	土
1
2	3	4	5	6	7	8
9	10 11 12 13 14 15
16 17 18 19 20 21 22
23 24 25 26 27 28 29
30 31
2039年 2月
日	月	火	水	木	金	土
1	2	3	4	5
6	7	8	9	10 11 12
13 14 15 16 17 18 19
20 21 22 23 24 25 26
27 28
2039年 3月
日	月	火	水	木	金	土
1	2	3	4	5
6	7	8	9	10 11 12
13 14 15 16 17 18 19
20 21 22 23 24 25 26
27 28 29 30 31
2039年 4月
日	月	火	水	木	金	土
1	2
3	4	5	6	7	8	9
10 11 12 13 14 15 16
17 18 19 20 21 22 23
24 25 26 27 28 29 30
2039年 5月
日	月	火	水	木	金	土
1	2	3	4	5	6	7
8	9	10 11 12 13 14
15 16 17 18 19 20 21
22 23 24 25 26 27 28
29 30 31
2039年 6月
日	月	火	水	木	金	土
1	2	3	4
5	6	7	8	9	10 11
12 13 14 15 16 17 18
19 20 21 22 23 24 25
26 27 28 29 30
2039年 7月
日	月	火	水	木	金	土
1	2
3	4	5	6	7	8	9
10 11 12 13 14 15 16
17 18 19 20 21 22 23
24 25 26 27 28 29 30
31
2039年 8月
日	月	火	水	木	金	土
1	2	3	4	5	6
7	8	9	10 11 12 13
14 15 16 17 18 19 20
21 22 23 24 25 26 27
28 29 30 31
2039年 9月
日	月	火	水	木	金	土
1	2	3
4	5	6	7	8	9	10
11 12 13 14 15 16 17
18 19 20 21 22 23 24
25 26 27 28 29 30
2039年 10月
日	月	火	水	木	金	土
1
2	3	4	5	6	7	8
9	10 11 12 13 14 15
16 17 18 19 20 21 22
23 24 25 26 27 28 29
30 31
2039年 11月
日	月	火	水	木	金	土
1	2	3	4	5
6	7	8	9	10 11 12
13 14 15 16 17 18 19
20 21 22 23 24 25 26
27 28 29 30
2039年 12月
日	月	火	水	木	金	土
1	2	3
4	5	6	7	8	9	10
11 12 13 14 15 16 17
18 19 20 21 22 23 24
25 26 27 28 29 30 31
2040
2040年 1月
日	月	火	水	木	金	土
1	2	3	4	5	6	7
8	9	10 11 12 13 14
15 16 17 18 19 20 21
22 23 24 25 26 27 28
29 30 31
2040年 2月
日	月	火	水	木	金	土
1	2	3	4
5	6	7	8	9	10 11
12 13 14 15 16 17 18
19 20 21 22 23 24 25
26 27 28 29
2040年 3月
日	月	火	水	木	金	土
1	2	3
4	5	6	7	8	9	10
11 12 13 14 15 16 17
18 19 20 21 22 23 24
25 26 27 28 29 30 31
2040年 4月
日	月	火	水	木	金	土
1	2	3	4	5	6	7
8	9	10 11 12 13 14
15 16 17 18 19 20 21
22 23 24 25 26 27 28
29 30
2040年 5月
日	月	火	水	木	金	土
1	2	3	4	5
6	7	8	9	10 11 12
13 14 15 16 17 18 19
20 21 22 23 24 25 26
27 28 29 30 31
2040年 6月
日	月	火	水	木	金	土
1	2
3	4	5	6	7	8	9
10 11 12 13 14 15 16
17 18 19 20 21 22 23
24 25 26 27 28 29 30
2040年 7月
日	月	火	水	木	金	土
1	2	3	4	5	6	7
8	9	10 11 12 13 14
15 16 17 18 19 20 21
22 23 24 25 26 27 28
29 30 31
2040年 8月
日	月	火	水	木	金	土
1	2	3	4
5	6	7	8	9	10 11
12 13 14 15 16 17 18
19 20 21 22 23 24 25
26 27 28 29 30 31
2040年 9月
日	月	火	水	木	金	土
1
2	3	4	5	6	7	8
9	10 11 12 13 14 15
16 17 18 19 20 21 22
23 24 25 26 27 28 29
30
2040年 10月
日	月	火	水	木	金	土
1	2	3	4	5	6
7	8	9	10 11 12 13
14 15 16 17 18 19 20
21 22 23 24 25 26 27
28 29 30 31
2040年 11月
日	月	火	水	木	金	土
1	2	3
4	5	6	7	8	9	10
11 12 13 14 15 16 17
18 19 20 21 22 23 24
25 26 27 28 29 30
2040年 12月
日	月	火	水	木	金	土
1
2	3	4	5	6	7	8
9	10 11 12 13 14 15
16 17 18 19 20 21 22
23 24 25 26 27 28 29
30 31
2041
2041年 1月
日	月	火	水	木	金	土
1	2	3	4	5
6	7	8	9	10 11 12
13 14 15 16 17 18 19
20 21 22 23 24 25 26
27 28 29 30 31
2041年 2月
日	月	火	水	木	金	土
1	2
3	4	5	6	7	8	9
10 11 12 13 14 15 16
17 18 19 20 21 22 23
24 25 26 27 28
2041年 3月
日	月	火	水	木	金	土
1	2
3	4	5	6	7	8	9
10 11 12 13 14 15 16
17 18 19 20 21 22 23
24 25 26 27 28 29 30
31
2041年 4月
日	月	火	水	木	金	土
1	2	3	4	5	6
7	8	9	10 11 12 13
14 15 16 17 18 19 20
21 22 23 24 25 26 27
28 29 30
2041年 5月
日	月	火	水	木	金	土
1	2	3	4
5	6	7	8	9	10 11
12 13 14 15 16 17 18
19 20 21 22 23 24 25
26 27 28 29 30 31
2041年 6月
日	月	火	水	木	金	土
1
2	3	4	5	6	7	8
9	10 11 12 13 14 15
16 17 18 19 20 21 22
23 24 25 26 27 28 29
30
2041年 7月
日	月	火	水	木	金	土
1	2	3	4	5	6
7	8	9	10 11 12 13
14 15 16 17 18 19 20
21 22 23 24 25 26 27
28 29 30 31
2041年 8月
日	月	火	水	木	金	土
1	2	3
4	5	6	7	8	9	10
11 12 13 14 15 16 17
18 19 20 21 22 23 24
25 26 27 28 29 30 31
2041年 9月
日	月	火	水	木	金	土
1	2	3	4	5	6	7
8	9	10 11 12 13 14
15 16 17 18 19 20 21
22 23 24 25 26 27 28
29 30
2041年 10月
日	月	火	水	木	金	土
1	2	3	4	5
6	7	8	9	10 11 12
13 14 15 16 17 18 19
20 21 22 23 24 25 26
27 28 29 30 31
2041年 11月
日	月	火	水	木	金	土
1	2
3	4	5	6	7	8	9
10 11 12 13 14 15 16
17 18 19 20 21 22 23
24 25 26 27 28 29 30
2041年 12月
日	月	火	水	木	金	土
1	2	3	4	5	6	7
8	9	10 11 12 13 14
15 16 17 18 19 20 21
22 23 24 25 26 27 28
29 30 31
2042
2042年 1月
日	月	火	水	木	金	土
1	2	3	4
5	6	7	8	9	10 11
12 13 14 15 16 17 18
19 20 21 22 23 24 25
26 27 28 29 30 31
2042年 2月
日	月	火	水	木	金	土
1
2	3	4	5	6	7	8
9	10 11 12 13 14 15
16 17 18 19 20 21 22
23 24 25 26 27 28
2042年 3月
日	月	火	水	木	金	土
1
2	3	4	5	6	7	8
9	10 11 12 13 14 15
16 17 18 19 20 21 22
23 24 25 26 27 28 29
30 31
2042年 4月
日	月	火	水	木	金	土
1	2	3	4	5
6	7	8	9	10 11 12
13 14 15 16 17 18 19
20 21 22 23 24 25 26
27 28 29 30
2042年 5月
日	月	火	水	木	金	土
1	2	3
4	5	6	7	8	9	10
11 12 13 14 15 16 17
18 19 20 21 22 23 24
25 26 27 28 29 30 31
2042年 6月
日	月	火	水	木	金	土
1	2	3	4	5	6	7
8	9	10 11 12 13 14
15 16 17 18 19 20 21
22 23 24 25 26 27 28
29 30
2042年 7月
日	月	火	水	木	金	土
1	2	3	4	5
6	7	8	9	10 11 12
13 14 15 16 17 18 19
20 21 22 23 24 25 26
27 28 29 30 31
2042年 8月
日	月	火	水	木	金	土
1	2
3	4	5	6	7	8	9
10 11 12 13 14 15 16
17 18 19 20 21 22 23
24 25 26 27 28 29 30
31
2042年 9月
日	月	火	水	木	金	土
1	2	3	4	5	6
7	8	9	10 11 12 13
14 15 16 17 18 19 20
21 22 23 24 25 26 27
28 29 30
2042年 10月
日	月	火	水	木	金	土
1	2	3	4
5	6	7	8	9	10 11
12 13 14 15 16 17 18
19 20 21 22 23 24 25
26 27 28 29 30 31
2042年 11月
日	月	火	水	木	金	土
1
2	3	4	5	6	7	8
9	10 11 12 13 14 15
16 17 18 19 20 21 22
23 24 25 26 27 28 29
30
2042年 12月
日	月	火	水	木	金	土
1	2	3	4	5	6
7	8	9	10 11 12 13
14 15 16 17 18 19 20
21 22 23 24 25 26 27
28 29 30 31
2043
2043年 1月
日	月	火	水	木	金	土
1	2	3
4	5	6	7	8	9	10
11 12 13 14 15 16 17
18 19 20 21 22 23 24
25 26 27 28 29 30 31
2043年 2月
日	月	火	水	木	金	土
1	2	3	4	5	6	7
8	9	10 11 12 13 14
15 16 17 18 19 20 21
22 23 24 25 26 27 28
2043年 3月
日	月	火	水	木	金	土
1	2	3	4	5	6	7
8	9	10 11 12 13 14
15 16 17 18 19 20 21
22 23 24 25 26 27 28
29 30 31
2043年 4月
日	月	火	水	木	金	土
1	2	3	4
5	6	7	8	9	10 11
12 13 14 15 16 17 18
19 20 21 22 23 24 25
26 27 28 29 30
2043年 5月
日	月	火	水	木	金	土
1	2
3	4	5	6	7	8	9
10 11 12 13 14 15 16
17 18 19 20 21 22 23
24 25 26 27 28 29 30
31
2043年 6月
日	月	火	水	木	金	土
1	2	3	4	5	6
7	8	9	10 11 12 13
14 15 16 17 18 19 20
21 22 23 24 25 26 27
28 29 30
2043年 7月
日	月	火	水	木	金	土
1	2	3	4
5	6	7	8	9	10 11
12 13 14 15 16 17 18
19 20 21 22 23 24 25
26 27 28 29 30 31
2043年 8月
日	月	火	水	木	金	土
1
2	3	4	5	6	7	8
9	10 11 12 13 14 15
16 17 18 19 20 21 22
23 24 25 26 27 28 29
30 31
2043年 9月
日	月	火	水	木	金	土
1	2	3	4	5
6	7	8	9	10 11 12
13 14 15 16 17 18 19
20 21 22 23 24 25 26
27 28 29 30
2043年 10月
日	月	火	水	木	金	土
1	2	3
4	5	6	7	8	9	10
11 12 13 14 15 16 17
18 19 20 21 22 23 24
25 26 27 28 29 30 31
2043年 11月
日	月	火	水	木	金	土
1	2	3	4	5	6	7
8	9	10 11 12 13 14
15 16 17 18 19 20 21
22 23 24 25 26 27 28
29 30
2043年 12月
日	月	火	水	木	金	土
1	2	3	4	5
6	7	8	9	10 11 12
13 14 15 16 17 18 19
20 21 22 23 24 25 26
27 28 29 30 31
2044
2044年 1月
日	月	火	水	木	金	土
1	2
3	4	5	6	7	8	9
10 11 12 13 14 15 16
17 18 19 20 21 22 23
24 25 26 27 28 29 30
2044年 2月
日	月	火	水	木	金	土
1	2	3	4	5	6
7	8	9	10 11 12 13
14 15 16 17 18 19 20
21 22 23 24 25 26 27
28 29
2044年 3月
日	月	火	水	木	金	土
1	2	3	4	5
6	7	8	9	10 11 12
13 14 15 16 17 18 19
20 21 22 23 24 25 26
27 28 29 30 31
2044年 4月
日	月	火	水	木	金	土
1	2
3	4	5	6	7	8	9
10 11 12 13 14 15 16
17 18 19 20 21 22 23
24 25 26 27 28 29 30
2044年 5月
日	月	火	水	木	金	土
1	2	3	4	5	6	7
8	9	10 11 12 13 14
15 16 17 18 19 20 21
22 23 24 25 26 27 28
29 30 31
2044年 6月
日	月	火	水	木	金	土
1	2	3	4
5	6	7	8	9	10 11
12 13 14 15 16 17 18
19 20 21 22 23 24 25
26 27 28 29 30
2044年 7月
日	月	火	水	木	金	土
1	2
3	4	5	6	7	8	9
10 11 12 13 14 15 16
17 18 19 20 21 22 23
24 25 26 27 28 29 30
2044年 8月
日	月	火	水	木	金	土
1	2	3	4	5	6
7	8	9	10 11 12 13
14 15 16 17 18 19 20
21 22 23 24 25 26 27
28 29 30 31
2044年 9月
日	月	火	水	木	金	土
1	2	3
4	5	6	7	8	9	10
11 12 13 14 15 16 17
18 19 20 21 22 23 24
25 26 27 28 29 30
2044年 10月
日	月	火	水	木	金	土
1
2	3	4	5	6	7	8
9	10 11 12 13 14 15
16 17 18 19 20 21 22
23 24 25 26 27 28 29
2044年 11月
日	月	火	水	木	金	土
1	2	3	4	5
6	7	8	9	10 11 12
13 14 15 16 17 18 19
20 21 22 23 24 25 26
27 28 29 30
2044年 12月
日	月	火	水	木	金	土
1	2	3
4	5	6	7	8	9	10
11 12 13 14 15 16 17
18 19 20 21 22 23 24
25 26 27 28 29 30 31
2045
2045年 1月
日	月	火	水	木	金	土
1	2	3	4	5	6	7
8	9	10 11 12 13 14
15 16 17 18 19 20 21
22 23 24 25 26 27 28
29 30 31
2045年 2月
日	月	火	水	木	金	土
1	2	3	4
5	6	7	8	9	10 11
12 13 14 15 16 17 18
19 20 21 22 23 24 25
26 27 28
2045年 3月
日	月	火	水	木	金	土
1	2	3	4
5	6	7	8	9	10 11
12 13 14 15 16 17 18
19 20 21 22 23 24 25
26 27 28 29 30 31
2045年 4月
日	月	火	水	木	金	土
1
2	3	4	5	6	7	8
9	10 11 12 13 14 15
16 17 18 19 20 21 22
23 24 25 26 27 28 29
30
2045年 5月
日	月	火	水	木	金	土
1	2	3	4	5	6
7	8	9	10 11 12 13
14 15 16 17 18 19 20
21 22 23 24 25 26 27
28 29 30 31
2045年 6月
日	月	火	水	木	金	土
1	2	3
4	5	6	7	8	9	10
11 12 13 14 15 16 17
18 19 20 21 22 23 24
25 26 27 28 29 30
2045年 7月
日	月	火	水	木	金	土
1
2	3	4	5	6	7	8
9	10 11 12 13 14 15
16 17 18 19 20 21 22
23 24 25 26 27 28 29
30 31
2045年 8月
日	月	火	水	木	金	土
1	2	3	4	5
6	7	8	9	10 11 12
13 14 15 16 17 18 19
20 21 22 23 24 25 26
27 28 29 30 31
2045年 9月
日	月	火	水	木	金	土
1	2
3	4	5	6	7	8	9
10 11 12 13 14 15 16
17 18 19 20 21 22 23
24 25 26 27 28 29 30
2045年 10月
日	月	火	水	木	金	土
1	2	3	4	5	6	7
8	9	10 11 12 13 14
15 16 17 18 19 20 21
22 23 24 25 26 27 28
29 30 31
2045年 11月
日	月	火	水	木	金	土
1	2	3	4
5	6	7	8	9	10 11
12 13 14 15 16 17 18
19 20 21 22 23 24 25
26 27 28 29 30
2045年 12月
日	月	火	水	木	金	土
1	2
3	4	5	6	7	8	9
10 11 12 13 14 15 16
17 18 19 20 21 22 23
24 25 26 27 28 29 30
31
2046
2046年 1月
日	月	火	水	木	金	土
1	2	3	4	5	6
7	8	9	10 11 12 13
14 15 16 17 18 19 20
21 22 23 24 25 26 27
28 29 30 31
2046年 2月
日	月	火	水	木	金	土
1	2	3
4	5	6	7	8	9	10
11 12 13 14 15 16 17
18 19 20 21 22 23 24
25 26 27 28
2046年 3月
日	月	火	水	木	金	土
1	2	3
4	5	6	7	8	9	10
11 12 13 14 15 16 17
18 19 20 21 22 23 24
25 26 27 28 29 30 31
2046年 4月
日	月	火	水	木	金	土
1	2	3	4	5	6	7
8	9	10 11 12 13 14
15 16 17 18 19 20 21
22 23 24 25 26 27 28
29 30
2046年 5月
日	月	火	水	木	金	土
1	2	3	4	5
6	7	8	9	10 11 12
13 14 15 16 17 18 19
20 21 22 23 24 25 26
27 28 29 30 31
2046年 6月
日	月	火	水	木	金	土
1	2
3	4	5	6	7	8	9
10 11 12 13 14 15 16
17 18 19 20 21 22 23
24 25 26 27 28 29 30
2046年 7月
日	月	火	水	木	金	土
1	2	3	4	5	6	7
8	9	10 11 12 13 14
15 16 17 18 19 20 21
22 23 24 25 26 27 28
29 30 31
2046年 8月
日	月	火	水	木	金	土
1	2	3	4
5	6	7	8	9	10 11
12 13 14 15 16 17 18
19 20 21 22 23 24 25
26 27 28 29 30 31
2046年 9月
日	月	火	水	木	金	土
1
2	3	4	5	6	7	8
9	10 11 12 13 14 15
16 17 18 19 20 21 22
23 24 25 26 27 28 29
30
2046年 10月
日	月	火	水	木	金	土
1	2	3	4	5	6
7	8	9	10 11 12 13
14 15 16 17 18 19 20
21 22 23 24 25 26 27
28 29 30 31
2046年 11月
日	月	火	水	木	金	土
1	2	3
4	5	6	7	8	9	10
11 12 13 14 15 16 17
18 19 20 21 22 23 24
25 26 27 28 29 30
2046年 12月
日	月	火	水	木	金	土
1
2	3	4	5	6	7	8
9	10 11 12 13 14 15
16 17 18 19 20 21 22
23 24 25 26 27 28 29
30 31
2047
2047年 1月
日	月	火	水	木	金	土
1	2	3	4	5
6	7	8	9	10 11 12
13 14 15 16 17 18 19
20 21 22 23 24 25 26
27 28 29 30 31
2047年 2月
日	月	火	水	木	金	土
1	2
3	4	5	6	7	8	9
10 11 12 13 14 15 16
17 18 19 20 21 22 23
24 25 26 27 28
2047年 3月
日	月	火	水	木	金	土
1	2
3	4	5	6	7	8	9
10 11 12 13 14 15 16
17 18 19 20 21 22 23
24 25 26 27 28 29 30
31
2047年 4月
日	月	火	水	木	金	土
1	2	3	4	5	6
7	8	9	10 11 12 13
14 15 16 17 18 19 20
21 22 23 24 25 26 27
28 29 30
2047年 5月
日	月	火	水	木	金	土
1	2	3	4
5	6	7	8	9	10 11
12 13 14 15 16 17 18
19 20 21 22 23 24 25
26 27 28 29 30 31
2047年 6月
日	月	火	水	木	金	土
1
2	3	4	5	6	7	8
9	10 11 12 13 14 15
16 17 18 19 20 21 22
23 24 25 26 27 28 29
30
2047年 7月
日	月	火	水	木	金	土
1	2	3	4	5	6
7	8	9	10 11 12 13
14 15 16 17 18 19 20
21 22 23 24 25 26 27
28 29 30 31
2047年 8月
日	月	火	水	木	金	土
1	2	3
4	5	6	7	8	9	10
11 12 13 14 15 16 17
18 19 20 21 22 23 24
25 26 27 28 29 30 31
2047年 9月
日	月	火	水	木	金	土
1	2	3	4	5	6	7
8	9	10 11 12 13 14
15 16 17 18 19 20 21
22 23 24 25 26 27 28
29 30
2047年 10月
日	月	火	水	木	金	土
1	2	3	4	5
6	7	8	9	10 11 12
13 14 15 16 17 18 19
20 21 22 23 24 25 26
27 28 29 30 31
2047年 11月
日	月	火	水	木	金	土
1	2
3	4	5	6	7	8	9
10 11 12 13 14 15 16
17 18 19 20 21 22 23
24 25 26 27 28 29 30
2047年 12月
日	月	火	水	木	金	土
1	2	3	4	5	6	7
8	9	10 11 12 13 14
15 16 17 18 19 20 21
22 23 24 25 26 27 28
29 30 31
2048
2048年 1月
日	月	火	水	木	金	土
1	2	3	4
5	6	7	8	9	10 11
12 13 14 15 16 17 18
19 20 21 22 23 24 25
26 27 28 29 30 31
2048年 2月
日	月	火	水	木	金	土
1
2	3	4	5	6	7	8
9	10 11 12 13 14 15
16 17 18 19 20 21 22
23 24 25 26 27 28 29
2048年 3月
日	月	火	水	木	金	土
1	2	3	4	5	6	7
8	9	10 11 12 13 14
15 16 17 18 19 20 21
22 23 24 25 26 27 28
29 30 31
2048年 4月
日	月	火	水	木	金	土
1	2	3	4
5	6	7	8	9	10 11
12 13 14 15 16 17 18
19 20 21 22 23 24 25
26 27 28 29 30
2048年 5月
日	月	火	水	木	金	土
1	2
3	4	5	6	7	8	9
10 11 12 13 14 15 16
17 18 19 20 21 22 23
24 25 26 27 28 29 30
31
2048年 6月
日	月	火	水	木	金	土
1	2	3	4	5	6
7	8	9	10 11 12 13
14 15 16 17 18 19 20
21 22 23 24 25 26 27
28 29 30
2048年 7月
日	月	火	水	木	金	土
1	2	3	4
5	6	7	8	9	10 11
12 13 14 15 16 17 18
19 20 21 22 23 24 25
26 27 28 29 30 31
2048年 8月
日	月	火	水	木	金	土
1
2	3	4	5	6	7	8
9	10 11 12 13 14 15
16 17 18 19 20 21 22
23 24 25 26 27 28 29
30 31
2048年 9月
日	月	火	水	木	金	土
1	2	3	4	5
6	7	8	9	10 11 12
13 14 15 16 17 18 19
20 21 22 23 24 25 26
27 28 29 30
2048年 10月
日	月	火	水	木	金	土
1	2	3
4	5	6	7	8	9	10
11 12 13 14 15 16 17
18 19 20 21 22 23 24
25 26 27 28 29 30 31
2048年 11月
日	月	火	水	木	金	土
1	2	3	4	5	6	7
8	9	10 11 12 13 14
15 16 17 18 19 20 21
22 23 24 25 26 27 28
29 30
2048年 12月
日	月	火	水	木	金	土
1	2	3	4	5
6	7	8	9	10 11 12
13 14 15 16 17 18 19
20 21 22 23 24 25 26
27 28 29 30 31
2049
2049年 1月
日	月	火	水	木	金	土
1	2
3	4	5	6	7	8	9
10 11 12 13 14 15 16
17 18 19 20 21 22 23
24 25 26 27 28 29 30
31
2049年 2月
日	月	火	水	木	金	土
1	2	3	4	5	6
7	8	9	10 11 12 13
14 15 16 17 18 19 20
21 22 23 24 25 26 27
28
2049年 3月
日	月	火	水	木	金	土
1	2	3	4	5	6
7	8	9	10 11 12 13
14 15 16 17 18 19 20
21 22 23 24 25 26 27
28 29 30 31
2049年 4月
日	月	火	水	木	金	土
1	2	3
4	5	6	7	8	9	10
11 12 13 14 15 16 17
18 19 20 21 22 23 24
25 26 27 28 29 30
2049年 5月
日	月	火	水	木	金	土
1
2	3	4	5	6	7	8
9	10 11 12 13 14 15
16 17 18 19 20 21 22
23 24 25 26 27 28 29
30 31
2049年 6月
日	月	火	水	木	金	土
1	2	3	4	5
6	7	8	9	10 11 12
13 14 15 16 17 18 19
20 21 22 23 24 25 26
27 28 29 30
2049年 7月
日	月	火	水	木	金	土
1	2	3
4	5	6	7	8	9	10
11 12 13 14 15 16 17
18 19 20 21 22 23 24
25 26 27 28 29 30 31
2049年 8月
日	月	火	水	木	金	土
1	2	3	4	5	6	7
8	9	10 11 12 13 14
15 16 17 18 19 20 21
22 23 24 25 26 27 28
29 30 31
2049年 9月
日	月	火	水	木	金	土
1	2	3	4
5	6	7	8	9	10 11
12 13 14 15 16 17 18
19 20 21 22 23 24 25
26 27 28 29 30
2049年 10月
日	月	火	水	木	金	土
1	2
3	4	5	6	7	8	9
10 11 12 13 14 15 16
17 18 19 20 21 22 23
24 25 26 27 28 29 30
31
2049年 11月
日	月	火	水	木	金	土
1	2	3	4	5	6
7	8	9	10 11 12 13
14 15 16 17 18 19 20
21 22 23 24 25 26 27
28 29 30
2049年 12月
日	月	火	水	木	金	土
1	2	3	4
5	6	7	8	9	10 11
12 13 14 15 16 17 18
19 20 21 22 23 24 25
26 27 28 29 30 31
2050
2050年 1月
日	月	火	水	木	金	土
1
2	3	4	5	6	7	8
9	10 11 12 13 14 15
16 17 18 19 20 21 22
23 24 25 26 27 28 29
30 31
2050年 2月
日	月	火	水	木	金	土
1	2	3	4	5
6	7	8	9	10 11 12
13 14 15 16 17 18 19
20 21 22 23 24 25 26
27 28
2050年 3月
日	月	火	水	木	金	土
1	2	3	4	5
6	7	8	9	10 11 12
13 14 15 16 17 18 19
20 21 22 23 24 25 26
27 28 29 30 31
2050年 4月
日	月	火	水	木	金	土
1	2
3	4	5	6	7	8	9
10 11 12 13 14 15 16
17 18 19 20 21 22 23
24 25 26 27 28 29 30
2050年 5月
日	月	火	水	木	金	土
1	2	3	4	5	6	7
8	9	10 11 12 13 14
15 16 17 18 19 20 21
22 23 24 25 26 27 28
29 30 31
2050年 6月
日	月	火	水	木	金	土
1	2	3	4
5	6	7	8	9	10 11
12 13 14 15 16 17 18
19 20 21 22 23 24 25
26 27 28 29 30
2050年 7月
日	月	火	水	木	金	土
1	2
3	4	5	6	7	8	9
10 11 12 13 14 15 16
17 18 19 20 21 22 23
24 25 26 27 28 29 30
31
2050年 8月
日	月	火	水	木	金	土
1	2	3	4	5	6
7	8	9	10 11 12 13
14 15 16 17 18 19 20
21 22 23 24 25 26 27
28 29 30 31
2050年 9月
日	月	火	水	木	金	土
1	2	3
4	5	6	7	8	9	10
11 12 13 14 15 16 17
18 19 20 21 22 23 24
25 26 27 28 29 30
2050年 10月
日	月	火	水	木	金	土
1
2	3	4	5	6	7	8
9	10 11 12 13 14 15
16 17 18 19 20 21 22
23 24 25 26 27 28 29
30 31
2050年 11月
日	月	火	水	木	金	土
1	2	3	4	5
6	7	8	9	10 11 12
13 14 15 16 17 18 19
20 21 22 23 24 25 26
27 28 29 30
2050年 12月
日	月	火	水	木	金	土
1	2	3
4	5	6	7	8	9	10
11 12 13 14 15 16 17
18 19 20 21 22 23 24
25 26 27 28 29 30 31
2051
2051年 1月
日	月	火	水	木	金	土
1	2	3	4	5	6	7
8	9	10 11 12 13 14
15 16 17 18 19 20 21
22 23 24 25 26 27 28
29 30 31
2051年 2月
日	月	火	水	木	金	土
1	2	3	4
5	6	7	8	9	10 11
12 13 14 15 16 17 18
19 20 21 22 23 24 25
26 27 28
2051年 3月
日	月	火	水	木	金	土
1	2	3	4
5	6	7	8	9	10 11
12 13 14 15 16 17 18
19 20 21 22 23 24 25
26 27 28 29 30 31
2051年 4月
日	月	火	水	木	金	土
1
2	3	4	5	6	7	8
9	10 11 12 13 14 15
16 17 18 19 20 21 22
23 24 25 26 27 28 29
30
2051年 5月
日	月	火	水	木	金	土
1	2	3	4	5	6
7	8	9	10 11 12 13
14 15 16 17 18 19 20
21 22 23 24 25 26 27
28 29 30 31
2051年 6月
日	月	火	水	木	金	土
1	2	3
4	5	6	7	8	9	10
11 12 13 14 15 16 17
18 19 20 21 22 23 24
25 26 27 28 29 30
2051年 7月
日	月	火	水	木	金	土
1
2	3	4	5	6	7	8
9	10 11 12 13 14 15
16 17 18 19 20 21 22
23 24 25 26 27 28 29
30 31
2051年 8月
日	月	火	水	木	金	土
1	2	3	4	5
6	7	8	9	10 11 12
13 14 15 16 17 18 19
20 21 22 23 24 25 26
27 28 29 30 31
2051年 9月
日	月	火	水	木	金	土
1	2
3	4	5	6	7	8	9
10 11 12 13 14 15 16
17 18 19 20 21 22 23
24 25 26 27 28 29 30
2051年 10月
日	月	火	水	木	金	土
1	2	3	4	5	6	7
8	9	10 11 12 13 14
15 16 17 18 19 20 21
22 23 24 25 26 27 28
29 30 31
2051年 11月
日	月	火	水	木	金	土
1	2	3	4
5	6	7	8	9	10 11
12 13 14 15 16 17 18
19 20 21 22 23 24 25
26 27 28 29 30
2051年 12月
日	月	火	水	木	金	土
1	2
3	4	5	6	7	8	9
10 11 12 13 14 15 16
17 18 19 20 21 22 23
24 25 26 27 28 29 30
31
2052
2052年 1月
日	月	火	水	木	金	土
1	2	3	4	5	6
7	8	9	10 11 12 13
14 15 16 17 18 19 20
21 22 23 24 25 26 27
28 29 30 31
2052年 2月
日	月	火	水	木	金	土
1	2	3
4	5	6	7	8	9	10
11 12 13 14 15 16 17
18 19 20 21 22 23 24
25 26 27 28 29
2052年 3月
日	月	火	水	木	金	土
1	2
3	4	5	6	7	8	9
10 11 12 13 14 15 16
17 18 19 20 21 22 23
24 25 26 27 28 29 30
31
2052年 4月
日	月	火	水	木	金	土
1	2	3	4	5	6
7	8	9	10 11 12 13
14 15 16 17 18 19 20
21 22 23 24 25 26 27
28 29 30
2052年 5月
日	月	火	水	木	金	土
1	2	3	4
5	6	7	8	9	10 11
12 13 14 15 16 17 18
19 20 21 22 23 24 25
26 27 28 29 30 31
2052年 6月
日	月	火	水	木	金	土
1
2	3	4	5	6	7	8
9	10 11 12 13 14 15
16 17 18 19 20 21 22
23 24 25 26 27 28 29
30
2052年 7月
日	月	火	水	木	金	土
1	2	3	4	5	6
7	8	9	10 11 12 13
14 15 16 17 18 19 20
21 22 23 24 25 26 27
28 29 30 31
2052年 8月
日	月	火	水	木	金	土
1	2	3
4	5	6	7	8	9	10
11 12 13 14 15 16 17
18 19 20 21 22 23 24
25 26 27 28 29 30 31
2052年 9月
日	月	火	水	木	金	土
1	2	3	4	5	6	7
8	9	10 11 12 13 14
15 16 17 18 19 20 21
22 23 24 25 26 27 28
29 30
2052年 10月
日	月	火	水	木	金	土
1	2	3	4	5
6	7	8	9	10 11 12
13 14 15 16 17 18 19
20 21 22 23 24 25 26
27 28 29 30 31
2052年 11月
日	月	火	水	木	金	土
1	2
3	4	5	6	7	8	9
10 11 12 13 14 15 16
17 18 19 20 21 22 23
24 25 26 27 28 29 30
2052年 12月
日	月	火	水	木	金	土
1	2	3	4	5	6	7
8	9	10 11 12 13 14
15 16 17 18 19 20 21
22 23 24 25 26 27 28
29 30 31
2053
2053年 1月
日	月	火	水	木	金	土
1	2	3	4
5	6	7	8	9	10 11
12 13 14 15 16 17 18
19 20 21 22 23 24 25
26 27 28 29 30 31
2053年 2月
日	月	火	水	木	金	土
1
2	3	4	5	6	7	8
9	10 11 12 13 14 15
16 17 18 19 20 21 22
23 24 25 26 27 28
2053年 3月
日	月	火	水	木	金	土
1
2	3	4	5	6	7	8
9	10 11 12 13 14 15
16 17 18 19 20 21 22
23 24 25 26 27 28 29
30 31
2053年 4月
日	月	火	水	木	金	土
1	2	3	4	5
6	7	8	9	10 11 12
13 14 15 16 17 18 19
20 21 22 23 24 25 26
27 28 29 30
2053年 5月
日	月	火	水	木	金	土
1	2	3
4	5	6	7	8	9	10
11 12 13 14 15 16 17
18 19 20 21 22 23 24
25 26 27 28 29 30 31
2053年 6月
日	月	火	水	木	金	土
1	2	3	4	5	6	7
8	9	10 11 12 13 14
15 16 17 18 19 20 21
22 23 24 25 26 27 28
29 30
2053年 7月
日	月	火	水	木	金	土
1	2	3	4	5
6	7	8	9	10 11 12
13 14 15 16 17 18 19
20 21 22 23 24 25 26
27 28 29 30 31
2053年 8月
日	月	火	水	木	金	土
1	2
3	4	5	6	7	8	9
10 11 12 13 14 15 16
17 18 19 20 21 22 23
24 25 26 27 28 29 30
31
2053年 9月
日	月	火	水	木	金	土
1	2	3	4	5	6
7	8	9	10 11 12 13
14 15 16 17 18 19 20
21 22 23 24 25 26 27
28 29 30
2053年 10月
日	月	火	水	木	金	土
1	2	3	4
5	6	7	8	9	10 11
12 13 14 15 16 17 18
19 20 21 22 23 24 25
26 27 28 29 30 31
2053年 11月
日	月	火	水	木	金	土
1
2	3	4	5	6	7	8
9	10 11 12 13 14 15
16 17 18 19 20 21 22
23 24 25 26 27 28 29
30
2053年 12月
日	月	火	水	木	金	土
1	2	3	4	5	6
7	8	9	10 11 12 13
14 15 16 17 18 19 20
21 22 23 24 25 26 27
28 29 30 31
2054
2054年 1月
日	月	火	水	木	金	土
1	2	3
4	5	6	7	8	9	10
11 12 13 14 15 16 17
18 19 20 21 22 23 24
25 26 27 28 29 30 31
2054年 2月
日	月	火	水	木	金	土
1	2	3	4	5	6	7
8	9	10 11 12 13 14
15 16 17 18 19 20 21
22 23 24 25 26 27 28
2054年 3月
日	月	火	水	木	金	土
1	2	3	4	5	6	7
8	9	10 11 12 13 14
15 16 17 18 19 20 21
22 23 24 25 26 27 28
29 30 31
2054年 4月
日	月	火	水	木	金	土
1	2	3	4
5	6	7	8	9	10 11
12 13 14 15 16 17 18
19 20 21 22 23 24 25
26 27 28 29 30
2054年 5月
日	月	火	水	木	金	土
1	2
3	4	5	6	7	8	9
10 11 12 13 14 15 16
17 18 19 20 21 22 23
24 25 26 27 28 29 30
31
2054年 6月
日	月	火	水	木	金	土
1	2	3	4	5	6
7	8	9	10 11 12 13
14 15 16 17 18 19 20
21 22 23 24 25 26 27
28 29 30
2054年 7月
日	月	火	水	木	金	土
1	2	3	4
5	6	7	8	9	10 11
12 13 14 15 16 17 18
19 20 21 22 23 24 25
26 27 28 29 30 31
2054年 8月
日	月	火	水	木	金	土
1
2	3	4	5	6	7	8
9	10 11 12 13 14 15
16 17 18 19 20 21 22
23 24 25 26 27 28 29
30 31
2054年 9月
日	月	火	水	木	金	土
1	2	3	4	5
6	7	8	9	10 11 12
13 14 15 16 17 18 19
20 21 22 23 24 25 26
27 28 29 30
2054年 10月
日	月	火	水	木	金	土
1	2	3
4	5	6	7	8	9	10
11 12 13 14 15 16 17
18 19 20 21 22 23 24
25 26 27 28 29 30 31
2054年 11月
日	月	火	水	木	金	土
1	2	3	4	5	6	7
8	9	10 11 12 13 14
15 16 17 18 19 20 21
22 23 24 25 26 27 28
29 30
2054年 12月
日	月	火	水	木	金	土
1	2	3	4	5
6	7	8	9	10 11 12
13 14 15 16 17 18 19
20 21 22 23 24 25 26
27 28 29 30 31
2055
2055年 1月
日	月	火	水	木	金	土
1	2
3	4	5	6	7	8	9
10 11 12 13 14 15 16
17 18 19 20 21 22 23
24 25 26 27 28 29 30
31
2055年 2月
日	月	火	水	木	金	土
1	2	3	4	5	6
7	8	9	10 11 12 13
14 15 16 17 18 19 20
21 22 23 24 25 26 27
28
2055年 3月
日	月	火	水	木	金	土
1	2	3	4	5	6
7	8	9	10 11 12 13
14 15 16 17 18 19 20
21 22 23 24 25 26 27
28 29 30 31
2055年 4月
日	月	火	水	木	金	土
1	2	3
4	5	6	7	8	9	10
11 12 13 14 15 16 17
18 19 20 21 22 23 24
25 26 27 28 29 30
2055年 5月
日	月	火	水	木	金	土
1
2	3	4	5	6	7	8
9	10 11 12 13 14 15
16 17 18 19 20 21 22
23 24 25 26 27 28 29
30 31
2055年 6月
日	月	火	水	木	金	土
1	2	3	4	5
6	7	8	9	10 11 12
13 14 15 16 17 18 19
20 21 22 23 24 25 26
27 28 29 30
2055年 7月
日	月	火	水	木	金	土
1	2	3
4	5	6	7	8	9	10
11 12 13 14 15 16 17
18 19 20 21 22 23 24
25 26 27 28 29 30 31
2055年 8月
日	月	火	水	木	金	土
1	2	3	4	5	6	7
8	9	10 11 12 13 14
15 16 17 18 19 20 21
22 23 24 25 26 27 28
29 30 31
2055年 9月
日	月	火	水	木	金	土
1	2	3	4
5	6	7	8	9	10 11
12 13 14 15 16 17 18
19 20 21 22 23 24 25
26 27 28 29 30
2055年 10月
日	月	火	水	木	金	土
1	2
3	4	5	6	7	8	9
10 11 12 13 14 15 16
17 18 19 20 21 22 23
24 25 26 27 28 29 30
31
2055年 11月
日	月	火	水	木	金	土
1	2	3	4	5	6
7	8	9	10 11 12 13
14 15 16 17 18 19 20
21 22 23 24 25 26 27
28 29 30
2055年 12月
日	月	火	水	木	金	土
1	2	3	4
5	6	7	8	9	10 11
12 13 14 15 16 17 18
19 20 21 22 23 24 25
26 27 28 29 30 31
2056
2056年 1月
日	月	火	水	木	金	土
1
2	3	4	5	6	7	8
9	10 11 12 13 14 15
16 17 18 19 20 21 22
23 24 25 26 27 28 29
30 31
2056年 2月
日	月	火	水	木	金	土
1	2	3	4	5
6	7	8	9	10 11 12
13 14 15 16 17 18 19
20 21 22 23 24 25 26
27 28 29
2056年 3月
日	月	火	水	木	金	土
1	2	3	4
5	6	7	8	9	10 11
12 13 14 15 16 17 18
19 20 21 22 23 24 25
26 27 28 29 30 31
2056年 4月
日	月	火	水	木	金	土
1
2	3	4	5	6	7	8
9	10 11 12 13 14 15
16 17 18 19 20 21 22
23 24 25 26 27 28 29
30
2056年 5月
日	月	火	水	木	金	土
1	2	3	4	5	6
7	8	9	10 11 12 13
14 15 16 17 18 19 20
21 22 23 24 25 26 27
28 29 30 31
2056年 6月
日	月	火	水	木	金	土
1	2	3
4	5	6	7	8	9	10
11 12 13 14 15 16 17
18 19 20 21 22 23 24
25 26 27 28 29 30
2056年 7月
日	月	火	水	木	金	土
1
2	3	4	5	6	7	8
9	10 11 12 13 14 15
16 17 18 19 20 21 22
23 24 25 26 27 28 29
30 31
2056年 8月
日	月	火	水	木	金	土
1	2	3	4	5
6	7	8	9	10 11 12
13 14 15 16 17 18 19
20 21 22 23 24 25 26
27 28 29 30 31
2056年 9月
日	月	火	水	木	金	土
1	2
3	4	5	6	7	8	9
10 11 12 13 14 15 16
17 18 19 20 21 22 23
24 25 26 27 28 29 30
2056年 10月
日	月	火	水	木	金	土
1	2	3	4	5	6	7
8	9	10 11 12 13 14
15 16 17 18 19 20 21
22 23 24 25 26 27 28
29 30 31
2056年 11月
日	月	火	水	木	金	土
1	2	3	4
5	6	7	8	9	10 11
12 13 14 15 16 17 18
19 20 21 22 23 24 25
26 27 28 29 30
2056年 12月
日	月	火	水	木	金	土
1	2
3	4	5	6	7	8	9
10 11 12 13 14 15 16
17 18 19 20 21 22 23
24 25 26 27 28 29 30
31
2057
2057年 1月
日	月	火	水	木	金	土
1	2	3	4	5	6
7	8	9	10 11 12 13
14 15 16 17 18 19 20
21 22 23 24 25 26 27
28 29 30 31
2057年 2月
日	月	火	水	木	金	土
1	2	3
4	5	6	7	8	9	10
11 12 13 14 15 16 17
18 19 20 21 22 23 24
25 26 27 28
2057年 3月
日	月	火	水	木	金	土
1	2	3
4	5	6	7	8	9	10
11 12 13 14 15 16 17
18 19 20 21 22 23 24
25 26 27 28 29 30 31
2057年 4月
日	月	火	水	木	金	土
1	2	3	4	5	6	7
8	9	10 11 12 13 14
15 16 17 18 19 20 21
22 23 24 25 26 27 28
29 30
2057年 5月
日	月	火	水	木	金	土
1	2	3	4	5
6	7	8	9	10 11 12
13 14 15 16 17 18 19
20 21 22 23 24 25 26
27 28 29 30 31
2057年 6月
日	月	火	水	木	金	土
1	2
3	4	5	6	7	8	9
10 11 12 13 14 15 16
17 18 19 20 21 22 23
24 25 26 27 28 29 30
2057年 7月
日	月	火	水	木	金	土
1	2	3	4	5	6	7
8	9	10 11 12 13 14
15 16 17 18 19 20 21
22 23 24 25 26 27 28
29 30 31
2057年 8月
日	月	火	水	木	金	土
1	2	3	4
5	6	7	8	9	10 11
12 13 14 15 16 17 18
19 20 21 22 23 24 25
26 27 28 29 30 31
2057年 9月
日	月	火	水	木	金	土
1
2	3	4	5	6	7	8
9	10 11 12 13 14 15
16 17 18 19 20 21 22
23 24 25 26 27 28 29
30
2057年 10月
日	月	火	水	木	金	土
1	2	3	4	5	6
7	8	9	10 11 12 13
14 15 16 17 18 19 20
21 22 23 24 25 26 27
28 29 30 31
2057年 11月
日	月	火	水	木	金	土
1	2	3
4	5	6	7	8	9	10
11 12 13 14 15 16 17
18 19 20 21 22 23 24
25 26 27 28 29 30
2057年 12月
日	月	火	水	木	金	土
1
2	3	4	5	6	7	8
9	10 11 12 13 14 15
16 17 18 19 20 21 22
23 24 25 26 27 28 29
30 31
2058
2058年 1月
日	月	火	水	木	金	土
1	2	3	4	5
6	7	8	9	10 11 12
13 14 15 16 17 18 19
20 21 22 23 24 25 26
27 28 29 30 31
2058年 2月
日	月	火	水	木	金	土
1	2
3	4	5	6	7	8	9
10 11 12 13 14 15 16
17 18 19 20 21 22 23
24 25 26 27 28
2058年 3月
日	月	火	水	木	金	土
1	2
3	4	5	6	7	8	9
10 11 12 13 14 15 16
17 18 19 20 21 22 23
24 25 26 27 28 29 30
31
2058年 4月
日	月	火	水	木	金	土
1	2	3	4	5	6
7	8	9	10 11 12 13
14 15 16 17 18 19 20
21 22 23 24 25 26 27
28 29 30
2058年 5月
日	月	火	水	木	金	土
1	2	3	4
5	6	7	8	9	10 11
12 13 14 15 16 17 18
19 20 21 22 23 24 25
26 27 28 29 30 31
2058年 6月
日	月	火	水	木	金	土
1
2	3	4	5	6	7	8
9	10 11 12 13 14 15
16 17 18 19 20 21 22
23 24 25 26 27 28 29
30
2058年 7月
日	月	火	水	木	金	土
1	2	3	4	5	6
7	8	9	10 11 12 13
14 15 16 17 18 19 20
21 22 23 24 25 26 27
28 29 30 31
2058年 8月
日	月	火	水	木	金	土
1	2	3
4	5	6	7	8	9	10
11 12 13 14 15 16 17
18 19 20 21 22 23 24
25 26 27 28 29 30 31
2058年 9月
日	月	火	水	木	金	土
1	2	3	4	5	6	7
8	9	10 11 12 13 14
15 16 17 18 19 20 21
22 23 24 25 26 27 28
29 30
2058年 10月
日	月	火	水	木	金	土
1	2	3	4	5
6	7	8	9	10 11 12
13 14 15 16 17 18 19
20 21 22 23 24 25 26
27 28 29 30 31
2058年 11月
日	月	火	水	木	金	土
1	2
3	4	5	6	7	8	9
10 11 12 13 14 15 16
17 18 19 20 21 22 23
24 25 26 27 28 29 30
2058年 12月
日	月	火	水	木	金	土
1	2	3	4	5	6	7
8	9	10 11 12 13 14
15 16 17 18 19 20 21
22 23 24 25 26 27 28
29 30 31
2059
2059年 1月
日	月	火	水	木	金	土
1	2	3	4
5	6	7	8	9	10 11
12 13 14 15 16 17 18
19 20 21 22 23 24 25
26 27 28 29 30 31
2059年 2月
日	月	火	水	木	金	土
1
2	3	4	5	6	7	8
9	10 11 12 13 14 15
16 17 18 19 20 21 22
23 24 25 26 27 28
2059年 3月
日	月	火	水	木	金	土
1
2	3	4	5	6	7	8
9	10 11 12 13 14 15
16 17 18 19 20 21 22
23 24 25 26 27 28 29
30 31
2059年 4月
日	月	火	水	木	金	土
1	2	3	4	5
6	7	8	9	10 11 12
13 14 15 16 17 18 19
20 21 22 23 24 25 26
27 28 29 30
2059年 5月
日	月	火	水	木	金	土
1	2	3
4	5	6	7	8	9	10
11 12 13 14 15 16 17
18 19 20 21 22 23 24
25 26 27 28 29 30 31
2059年 6月
日	月	火	水	木	金	土
1	2	3	4	5	6	7
8	9	10 11 12 13 14
15 16 17 18 19 20 21
22 23 24 25 26 27 28
29 30
2059年 7月
日	月	火	水	木	金	土
1	2	3	4	5
6	7	8	9	10 11 12
13 14 15 16 17 18 19
20 21 22 23 24 25 26
27 28 29 30 31
2059年 8月
日	月	火	水	木	金	土
1	2
3	4	5	6	7	8	9
10 11 12 13 14 15 16
17 18 19 20 21 22 23
24 25 26 27 28 29 30
31
2059年 9月
日	月	火	水	木	金	土
1	2	3	4	5	6
7	8	9	10 11 12 13
14 15 16 17 18 19 20
21 22 23 24 25 26 27
28 29 30
2059年 10月
日	月	火	水	木	金	土
1	2	3	4
5	6	7	8	9	10 11
12 13 14 15 16 17 18
19 20 21 22 23 24 25
26 27 28 29 30 31
2059年 11月
日	月	火	水	木	金	土
1
2	3	4	5	6	7	8
9	10 11 12 13 14 15
16 17 18 19 20 21 22
23 24 25 26 27 28 29
30
2059年 12月
日	月	火	水	木	金	土
1	2	3	4	5	6
7	8	9	10 11 12 13
14 15 16 17 18 19 20
21 22 23 24 25 26 27
28 29 30 31
2060
2060年 1月
日	月	火	水	木	金	土
1	2	3
4	5	6	7	8	9	10
11 12 13 14 15 16 17
18 19 20 21 22 23 24
25 26 27 28 29 30 31
2060年 2月
日	月	火	水	木	金	土
1	2	3	4	5	6	7
8	9	10 11 12 13 14
15 16 17 18 19 20 21
22 23 24 25 26 27 28
29
2060年 3月
日	月	火	水	木	金	土
1	2	3	4	5	6
7	8	9	10 11 12 13
14 15 16 17 18 19 20
21 22 23 24 25 26 27
28 29 30 31
2060年 4月
日	月	火	水	木	金	土
1	2	3
4	5	6	7	8	9	10
11 12 13 14 15 16 17
18 19 20 21 22 23 24
25 26 27 28 29 30
2060年 5月
日	月	火	水	木	金	土
1
2	3	4	5	6	7	8
9	10 11 12 13 14 15
16 17 18 19 20 21 22
23 24 25 26 27 28 29
30 31
2060年 6月
日	月	火	水	木	金	土
1	2	3	4	5
6	7	8	9	10 11 12
13 14 15 16 17 18 19
20 21 22 23 24 25 26
27 28 29 30
2060年 7月
日	月	火	水	木	金	土
1	2	3
4	5	6	7	8	9	10
11 12 13 14 15 16 17
18 19 20 21 22 23 24
25 26 27 28 29 30 31
2060年 8月
日	月	火	水	木	金	土
1	2	3	4	5	6	7
8	9	10 11 12 13 14
15 16 17 18 19 20 21
22 23 24 25 26 27 28
29 30 31
2060年 9月
日	月	火	水	木	金	土
1	2	3	4
5	6	7	8	9	10 11
12 13 14 15 16 17 18
19 20 21 22 23 24 25
26 27 28 29 30
2060年 10月
日	月	火	水	木	金	土
1	2
3	4	5	6	7	8	9
10 11 12 13 14 15 16
17 18 19 20 21 22 23
24 25 26 27 28 29 30
31
2060年 11月
日	月	火	水	木	金	土
1	2	3	4	5	6
7	8	9	10 11 12 13
14 15 16 17 18 19 20
21 22 23 24 25 26 27
28 29 30
2060年 12月
日	月	火	水	木	金	土
1	2	3	4
5	6	7	8	9	10 11
12 13 14 15 16 17 18
19 20 21 22 23 24 25
26 27 28 29 30 31
2061
2061年 1月
日	月	火	水	木	金	土
1
2	3	4	5	6	7	8
9	10 11 12 13 14 15
16 17 18 19 20 21 22
23 24 25 26 27 28 29
2061年 2月
日	月	火	水	木	金	土
1	2	3	4	5
6	7	8	9	10 11 12
13 14 15 16 17 18 19
20 21 22 23 24 25 26
27 28
2061年 3月
日	月	火	水	木	金	土
1	2	3	4	5
6	7	8	9	10 11 12
13 14 15 16 17 18 19
20 21 22 23 24 25 26
27 28 29 30 31
2061年 4月
日	月	火	水	木	金	土
1	2
3	4	5	6	7	8	9
10 11 12 13 14 15 16
17 18 19 20 21 22 23
24 25 26 27 28 29 30
2061年 5月
日	月	火	水	木	金	土
1	2	3	4	5	6	7
8	9	10 11 12 13 14
15 16 17 18 19 20 21
22 23 24 25 26 27 28
29 30 31
2061年 6月
日	月	火	水	木	金	土
1	2	3	4
5	6	7	8	9	10 11
12 13 14 15 16 17 18
19 20 21 22 23 24 25
26 27 28 29 30
2061年 7月
日	月	火	水	木	金	土
1	2
3	4	5	6	7	8	9
10 11 12 13 14 15 16
17 18 19 20 21 22 23
24 25 26 27 28 29 30
2061年 8月
日	月	火	水	木	金	土
1	2	3	4	5	6
7	8	9	10 11 12 13
14 15 16 17 18 19 20
21 22 23 24 25 26 27
28 29 30 31
2061年 9月
日	月	火	水	木	金	土
1	2	3
4	5	6	7	8	9	10
11 12 13 14 15 16 17
18 19 20 21 22 23 24
25 26 27 28 29 30
2061年 10月
日	月	火	水	木	金	土
1
2	3	4	5	6	7	8
9	10 11 12 13 14 15
16 17 18 19 20 21 22
23 24 25 26 27 28 29
2061年 11月
日	月	火	水	木	金	土
1	2	3	4	5
6	7	8	9	10 11 12
13 14 15 16 17 18 19
20 21 22 23 24 25 26
27 28 29 30
2061年 12月
日	月	火	水	木	金	土
1	2	3
4	5	6	7	8	9	10
11 12 13 14 15 16 17
18 19 20 21 22 23 24
25 26 27 28 29 30 31
2062
2062年 1月
日	月	火	水	木	金	土
1	2	3	4	5	6	7
8	9	10 11 12 13 14
15 16 17 18 19 20 21
22 23 24 25 26 27 28
29 30 31
2062年 2月
日	月	火	水	木	金	土
1	2	3	4
5	6	7	8	9	10 11
12 13 14 15 16 17 18
19 20 21 22 23 24 25
26 27 28
2062年 3月
日	月	火	水	木	金	土
1	2	3	4
5	6	7	8	9	10 11
12 13 14 15 16 17 18
19 20 21 22 23 24 25
26 27 28 29 30 31
2062年 4月
日	月	火	水	木	金	土
1
2	3	4	5	6	7	8
9	10 11 12 13 14 15
16 17 18 19 20 21 22
23 24 25 26 27 28 29
30
2062年 5月
日	月	火	水	木	金	土
1	2	3	4	5	6
7	8	9	10 11 12 13
14 15 16 17 18 19 20
21 22 23 24 25 26 27
28 29 30 31
2062年 6月
日	月	火	水	木	金	土
1	2	3
4	5	6	7	8	9	10
11 12 13 14 15 16 17
18 19 20 21 22 23 24
25 26 27 28 29 30
2062年 7月
日	月	火	水	木	金	土
1
2	3	4	5	6	7	8
9	10 11 12 13 14 15
16 17 18 19 20 21 22
23 24 25 26 27 28 29
30 31
2062年 8月
日	月	火	水	木	金	土
1	2	3	4	5
6	7	8	9	10 11 12
13 14 15 16 17 18 19
20 21 22 23 24 25 26
27 28 29 30 31
2062年 9月
日	月	火	水	木	金	土
1	2
3	4	5	6	7	8	9
10 11 12 13 14 15 16
17 18 19 20 21 22 23
24 25 26 27 28 29 30
2062年 10月
日	月	火	水	木	金	土
1	2	3	4	5	6	7
8	9	10 11 12 13 14
15 16 17 18 19 20 21
22 23 24 25 26 27 28
29 30 31
2062年 11月
日	月	火	水	木	金	土
1	2	3	4
5	6	7	8	9	10 11
12 13 14 15 16 17 18
19 20 21 22 23 24 25
26 27 28 29 30
2062年 12月
日	月	火	水	木	金	土
1	2
3	4	5	6	7	8	9
10 11 12 13 14 15 16
17 18 19 20 21 22 23
24 25 26 27 28 29 30
31
2063
2063年 1月
日	月	火	水	木	金	土
1	2	3	4	5	6
7	8	9	10 11 12 13
14 15 16 17 18 19 20
21 22 23 24 25 26 27
28 29 30 31
2063年 2月
日	月	火	水	木	金	土
1	2	3
4	5	6	7	8	9	10
11 12 13 14 15 16 17
18 19 20 21 22 23 24
25 26 27 28
2063年 3月
日	月	火	水	木	金	土
1	2	3
4	5	6	7	8	9	10
11 12 13 14 15 16 17
18 19 20 21 22 23 24
25 26 27 28 29 30 31
2063年 4月
日	月	火	水	木	金	土
1	2	3	4	5	6	7
8	9	10 11 12 13 14
15 16 17 18 19 20 21
22 23 24 25 26 27 28
29 30
2063年 5月
日	月	火	水	木	金	土
1	2	3	4	5
6	7	8	9	10 11 12
13 14 15 16 17 18 19
20 21 22 23 24 25 26
27 28 29 30 31
2063年 6月
日	月	火	水	木	金	土
1	2
3	4	5	6	7	8	9
10 11 12 13 14 15 16
17 18 19 20 21 22 23
24 25 26 27 28 29 30
2063年 7月
日	月	火	水	木	金	土
1	2	3	4	5	6	7
8	9	10 11 12 13 14
15 16 17 18 19 20 21
22 23 24 25 26 27 28
29 30 31
2063年 8月
日	月	火	水	木	金	土
1	2	3	4
5	6	7	8	9	10 11
12 13 14 15 16 17 18
19 20 21 22 23 24 25
26 27 28 29 30 31
2063年 9月
日	月	火	水	木	金	土
1
2	3	4	5	6	7	8
9	10 11 12 13 14 15
16 17 18 19 20 21 22
23 24 25 26 27 28 29
30
2063年 10月
日	月	火	水	木	金	土
1	2	3	4	5	6
7	8	9	10 11 12 13
14 15 16 17 18 19 20
21 22 23 24 25 26 27
28 29 30 31
2063年 11月
日	月	火	水	木	金	土
1	2	3
4	5	6	7	8	9	10
11 12 13 14 15 16 17
18 19 20 21 22 23 24
25 26 27 28 29 30
2063年 12月
日	月	火	水	木	金	土
1
2	3	4	5	6	7	8
9	10 11 12 13 14 15
16 17 18 19 20 21 22
23 24 25 26 27 28 29
30 31
2064
2064年 1月
日	月	火	水	木	金	土
1	2	3	4	5
6	7	8	9	10 11 12
13 14 15 16 17 18 19
20 21 22 23 24 25 26
27 28 29 30 31
2064年 2月
日	月	火	水	木	金	土
1	2
3	4	5	6	7	8	9
10 11 12 13 14 15 16
17 18 19 20 21 22 23
24 25 26 27 28 29
2064年 3月
日	月	火	水	木	金	土
1
2	3	4	5	6	7	8
9	10 11 12 13 14 15
16 17 18 19 20 21 22
23 24 25 26 27 28 29
30 31
2064年 4月
日	月	火	水	木	金	土
1	2	3	4	5
6	7	8	9	10 11 12
13 14 15 16 17 18 19
20 21 22 23 24 25 26
27 28 29 30
2064年 5月
日	月	火	水	木	金	土
1	2	3
4	5	6	7	8	9	10
11 12 13 14 15 16 17
18 19 20 21 22 23 24
25 26 27 28 29 30 31
2064年 6月
日	月	火	水	木	金	土
1	2	3	4	5	6	7
8	9	10 11 12 13 14
15 16 17 18 19 20 21
22 23 24 25 26 27 28
29 30
2064年 7月
日	月	火	水	木	金	土
1	2	3	4	5
6	7	8	9	10 11 12
13 14 15 16 17 18 19
20 21 22 23 24 25 26
27 28 29 30 31
2064年 8月
日	月	火	水	木	金	土
1	2
3	4	5	6	7	8	9
10 11 12 13 14 15 16
17 18 19 20 21 22 23
24 25 26 27 28 29 30
31
2064年 9月
日	月	火	水	木	金	土
1	2	3	4	5	6
7	8	9	10 11 12 13
14 15 16 17 18 19 20
21 22 23 24 25 26 27
28 29 30
2064年 10月
日	月	火	水	木	金	土
1	2	3	4
5	6	7	8	9	10 11
12 13 14 15 16 17 18
19 20 21 22 23 24 25
26 27 28 29 30 31
2064年 11月
日	月	火	水	木	金	土
1
2	3	4	5	6	7	8
9	10 11 12 13 14 15
16 17 18 19 20 21 22
23 24 25 26 27 28 29
30
2064年 12月
日	月	火	水	木	金	土
1	2	3	4	5	6
7	8	9	10 11 12 13
14 15 16 17 18 19 20
21 22 23 24 25 26 27
28 29 30 31
2065
2065年 1月
日	月	火	水	木	金	土
1	2	3
4	5	6	7	8	9	10
11 12 13 14 15 16 17
18 19 20 21 22 23 24
25 26 27 28 29 30 31
2065年 2月
日	月	火	水	木	金	土
1	2	3	4	5	6	7
8	9	10 11 12 13 14
15 16 17 18 19 20 21
22 23 24 25 26 27 28
2065年 3月
日	月	火	水	木	金	土
1	2	3	4	5	6	7
8	9	10 11 12 13 14
15 16 17 18 19 20 21
22 23 24 25 26 27 28
29 30 31
2065年 4月
日	月	火	水	木	金	土
1	2	3	4
5	6	7	8	9	10 11
12 13 14 15 16 17 18
19 20 21 22 23 24 25
26 27 28 29 30
2065年 5月
日	月	火	水	木	金	土
1	2
3	4	5	6	7	8	9
10 11 12 13 14 15 16
17 18 19 20 21 22 23
24 25 26 27 28 29 30
31
2065年 6月
日	月	火	水	木	金	土
1	2	3	4	5	6
7	8	9	10 11 12 13
14 15 16 17 18 19 20
21 22 23 24 25 26 27
28 29 30
2065年 7月
日	月	火	水	木	金	土
1	2	3	4
5	6	7	8	9	10 11
12 13 14 15 16 17 18
19 20 21 22 23 24 25
26 27 28 29 30 31
2065年 8月
日	月	火	水	木	金	土
1
2	3	4	5	6	7	8
9	10 11 12 13 14 15
16 17 18 19 20 21 22
23 24 25 26 27 28 29
30 31
2065年 9月
日	月	火	水	木	金	土
1	2	3	4	5
6	7	8	9	10 11 12
13 14 15 16 17 18 19
20 21 22 23 24 25 26
27 28 29 30
2065年 10月
日	月	火	水	木	金	土
1	2	3
4	5	6	7	8	9	10
11 12 13 14 15 16 17
18 19 20 21 22 23 24
25 26 27 28 29 30 31
2065年 11月
日	月	火	水	木	金	土
1	2	3	4	5	6	7
8	9	10 11 12 13 14
15 16 17 18 19 20 21
22 23 24 25 26 27 28
29 30
2065年 12月
日	月	火	水	木	金	土
1	2	3	4	5
6	7	8	9	10 11 12
13 14 15 16 17 18 19
20 21 22 23 24 25 26
27 28 29 30 31
2066
2066年 1月
日	月	火	水	木	金	土
1	2
3	4	5	6	7	8	9
10 11 12 13 14 15 16
17 18 19 20 21 22 23
24 25 26 27 28 29 30
31
2066年 2月
日	月	火	水	木	金	土
1	2	3	4	5	6
7	8	9	10 11 12 13
14 15 16 17 18 19 20
21 22 23 24 25 26 27
28
2066年 3月
日	月	火	水	木	金	土
1	2	3	4	5	6
7	8	9	10 11 12 13
14 15 16 17 18 19 20
21 22 23 24 25 26 27
28 29 30 31
2066年 4月
日	月	火	水	木	金	土
1	2	3
4	5	6	7	8	9	10
11 12 13 14 15 16 17
18 19 20 21 22 23 24
25 26 27 28 29 30
2066年 5月
日	月	火	水	木	金	土
1
2	3	4	5	6	7	8
9	10 11 12 13 14 15
16 17 18 19 20 21 22
23 24 25 26 27 28 29
30 31
2066年 6月
日	月	火	水	木	金	土
1	2	3	4	5
6	7	8	9	10 11 12
13 14 15 16 17 18 19
20 21 22 23 24 25 26
27 28 29 30
2066年 7月
日	月	火	水	木	金	土
1	2	3
4	5	6	7	8	9	10
11 12 13 14 15 16 17
18 19 20 21 22 23 24
25 26 27 28 29 30 31
2066年 8月
日	月	火	水	木	金	土
1	2	3	4	5	6	7
8	9	10 11 12 13 14
15 16 17 18 19 20 21
22 23 24 25 26 27 28
29 30 31
2066年 9月
日	月	火	水	木	金	土
1	2	3	4
5	6	7	8	9	10 11
12 13 14 15 16 17 18
19 20 21 22 23 24 25
26 27 28 29 30
2066年 10月
日	月	火	水	木	金	土
1	2
3	4	5	6	7	8	9
10 11 12 13 14 15 16
17 18 19 20 21 22 23
24 25 26 27 28 29 30
31
2066年 11月
日	月	火	水	木	金	土
1	2	3	4	5	6
7	8	9	10 11 12 13
14 15 16 17 18 19 20
21 22 23 24 25 26 27
28 29 30
2066年 12月
日	月	火	水	木	金	土
1	2	3	4
5	6	7	8	9	10 11
12 13 14 15 16 17 18
19 20 21 22 23 24 25
26 27 28 29 30 31
2067
2067年 1月
日	月	火	水	木	金	土
1
2	3	4	5	6	7	8
9	10 11 12 13 14 15
16 17 18 19 20 21 22
23 24 25 26 27 28 29
30 31
2067年 2月
日	月	火	水	木	金	土
1	2	3	4	5
6	7	8	9	10 11 12
13 14 15 16 17 18 19
20 21 22 23 24 25 26
27 28
2067年 3月
日	月	火	水	木	金	土
1	2	3	4	5
6	7	8	9	10 11 12
13 14 15 16 17 18 19
20 21 22 23 24 25 26
27 28 29 30 31
2067年 4月
日	月	火	水	木	金	土
1	2
3	4	5	6	7	8	9
10 11 12 13 14 15 16
17 18 19 20 21 22 23
24 25 26 27 28 29 30
2067年 5月
日	月	火	水	木	金	土
1	2	3	4	5	6	7
8	9	10 11 12 13 14
15 16 17 18 19 20 21
22 23 24 25 26 27 28
29 30 31
2067年 6月
日	月	火	水	木	金	土
1	2	3	4
5	6	7	8	9	10 11
12 13 14 15 16 17 18
19 20 21 22 23 24 25
26 27 28 29 30
2067年 7月
日	月	火	水	木	金	土
1	2
3	4	5	6	7	8	9
10 11 12 13 14 15 16
17 18 19 20 21 22 23
24 25 26 27 28 29 30
31
2067年 8月
日	月	火	水	木	金	土
1	2	3	4	5	6
7	8	9	10 11 12 13
14 15 16 17 18 19 20
21 22 23 24 25 26 27
28 29 30 31
2067年 9月
日	月	火	水	木	金	土
1	2	3
4	5	6	7	8	9	10
11 12 13 14 15 16 17
18 19 20 21 22 23 24
25 26 27 28 29 30
2067年 10月
日	月	火	水	木	金	土
1
2	3	4	5	6	7	8
9	10 11 12 13 14 15
16 17 18 19 20 21 22
23 24 25 26 27 28 29
30 31
2067年 11月
日	月	火	水	木	金	土
1	2	3	4	5
6	7	8	9	10 11 12
13 14 15 16 17 18 19
20 21 22 23 24 25 26
27 28 29 30
2067年 12月
日	月	火	水	木	金	土
1	2	3
4	5	6	7	8	9	10
11 12 13 14 15 16 17
18 19 20 21 22 23 24
25 26 27 28 29 30 31
2068
2068年 1月
日	月	火	水	木	金	土
1	2	3	4	5	6	7
8	9	10 11 12 13 14
15 16 17 18 19 20 21
22 23 24 25 26 27 28
29 30 31
2068年 2月
日	月	火	水	木	金	土
1	2	3	4
5	6	7	8	9	10 11
12 13 14 15 16 17 18
19 20 21 22 23 24 25
26 27 28 29
2068年 3月
日	月	火	水	木	金	土
1	2	3
4	5	6	7	8	9	10
11 12 13 14 15 16 17
18 19 20 21 22 23 24
25 26 27 28 29 30 31
2068年 4月
日	月	火	水	木	金	土
1	2	3	4	5	6	7
8	9	10 11 12 13 14
15 16 17 18 19 20 21
22 23 24 25 26 27 28
29 30
2068年 5月
日	月	火	水	木	金	土
1	2	3	4	5
6	7	8	9	10 11 12
13 14 15 16 17 18 19
20 21 22 23 24 25 26
27 28 29 30 31
2068年 6月
日	月	火	水	木	金	土
1	2
3	4	5	6	7	8	9
10 11 12 13 14 15 16
17 18 19 20 21 22 23
24 25 26 27 28 29 30
2068年 7月
日	月	火	水	木	金	土
1	2	3	4	5	6	7
8	9	10 11 12 13 14
15 16 17 18 19 20 21
22 23 24 25 26 27 28
29 30 31
2068年 8月
日	月	火	水	木	金	土
1	2	3	4
5	6	7	8	9	10 11
12 13 14 15 16 17 18
19 20 21 22 23 24 25
26 27 28 29 30 31
2068年 9月
日	月	火	水	木	金	土
1
2	3	4	5	6	7	8
9	10 11 12 13 14 15
16 17 18 19 20 21 22
23 24 25 26 27 28 29
30
2068年 10月
日	月	火	水	木	金	土
1	2	3	4	5	6
7	8	9	10 11 12 13
14 15 16 17 18 19 20
21 22 23 24 25 26 27
28 29 30 31
2068年 11月
日	月	火	水	木	金	土
1	2	3
4	5	6	7	8	9	10
11 12 13 14 15 16 17
18 19 20 21 22 23 24
25 26 27 28 29 30
2068年 12月
日	月	火	水	木	金	土
1
2	3	4	5	6	7	8
9	10 11 12 13 14 15
16 17 18 19 20 21 22
23 24 25 26 27 28 29
30 31
2069
2069年 1月
日	月	火	水	木	金	土
1	2	3	4	5
6	7	8	9	10 11 12
13 14 15 16 17 18 19
20 21 22 23 24 25 26
27 28 29 30 31
2069年 2月
日	月	火	水	木	金	土
1	2
3	4	5	6	7	8	9
10 11 12 13 14 15 16
17 18 19 20 21 22 23
24 25 26 27 28
2069年 3月
日	月	火	水	木	金	土
1	2
3	4	5	6	7	8	9
10 11 12 13 14 15 16
17 18 19 20 21 22 23
24 25 26 27 28 29 30
31
2069年 4月
日	月	火	水	木	金	土
1	2	3	4	5	6
7	8	9	10 11 12 13
14 15 16 17 18 19 20
21 22 23 24 25 26 27
28 29 30
2069年 5月
日	月	火	水	木	金	土
1	2	3	4
5	6	7	8	9	10 11
12 13 14 15 16 17 18
19 20 21 22 23 24 25
26 27 28 29 30 31
2069年 6月
日	月	火	水	木	金	土
1
2	3	4	5	6	7	8
9	10 11 12 13 14 15
16 17 18 19 20 21 22
23 24 25 26 27 28 29
30
2069年 7月
日	月	火	水	木	金	土
1	2	3	4	5	6
7	8	9	10 11 12 13
14 15 16 17 18 19 20
21 22 23 24 25 26 27
28 29 30 31
2069年 8月
日	月	火	水	木	金	土
1	2	3
4	5	6	7	8	9	10
11 12 13 14 15 16 17
18 19 20 21 22 23 24
25 26 27 28 29 30 31
2069年 9月
日	月	火	水	木	金	土
1	2	3	4	5	6	7
8	9	10 11 12 13 14
15 16 17 18 19 20 21
22 23 24 25 26 27 28
29 30
2069年 10月
日	月	火	水	木	金	土
1	2	3	4	5
6	7	8	9	10 11 12
13 14 15 16 17 18 19
20 21 22 23 24 25 26
27 28 29 30 31
2069年 11月
日	月	火	水	木	金	土
1	2
3	4	5	6	7	8	9
10 11 12 13 14 15 16
17 18 19 20 21 22 23
24 25 26 27 28 29 30
2069年 12月
日	月	火	水	木	金	土
1	2	3	4	5	6	7
8	9	10 11 12 13 14
15 16 17 18 19 20 21
22 23 24 25 26 27 28
29 30 31
